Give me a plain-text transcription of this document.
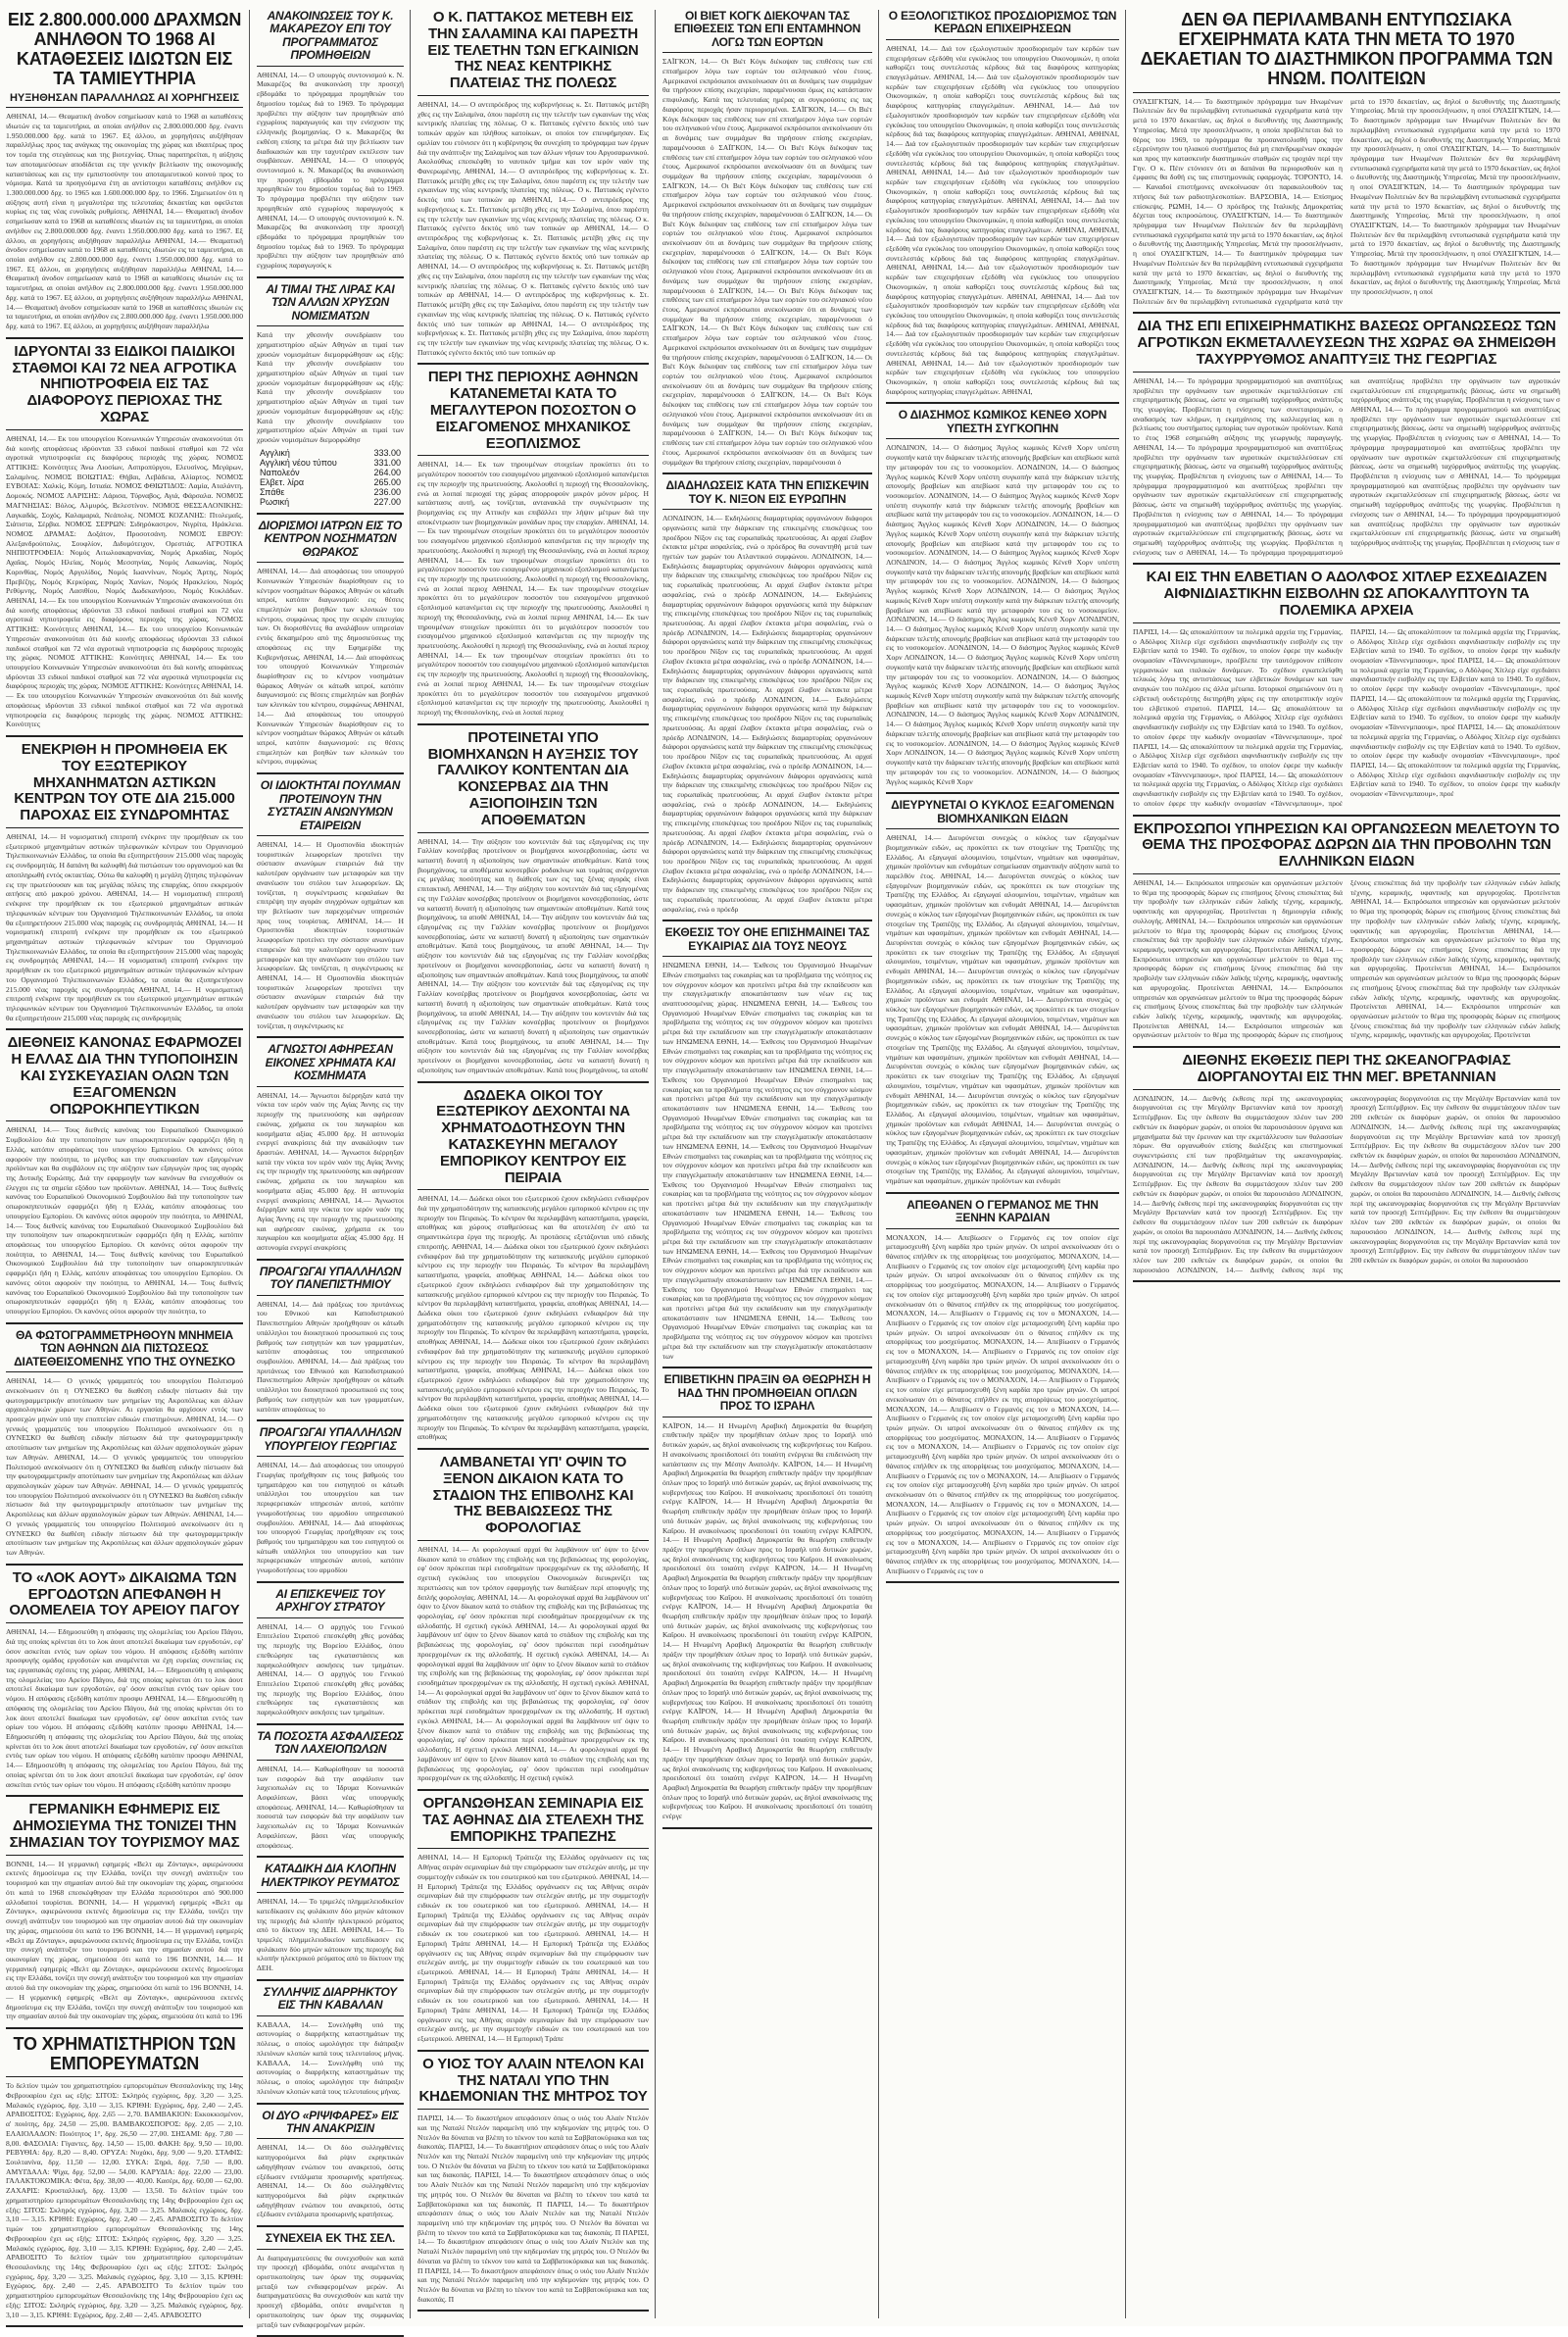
ΕΙΣ 2.800.000.000 ΔΡΑΧΜΩΝ ΑΝΗΛΘΟΝ ΤΟ 1968 ΑΙ ΚΑΤΑΘΕΣΕΙΣ ΙΔΙΩΤΩΝ ΕΙΣ ΤΑ ΤΑΜΙΕΥΤΗΡΙΑ
ΗΥΞΗΘΗΣΑΝ ΠΑΡΑΛΛΗΛΩΣ ΑΙ ΧΟΡΗΓΗΣΕΙΣ
ΑΘΗΝΑΙ, 14.— Θεαματική άνοδον εσημείωσαν κατά το 1968 αι καταθέσεις ιδιωτών εις τα ταμιευτήρια, αι οποίαι ανήλθον εις 2.800.000.000 δρχ. έναντι 1.950.000.000 δρχ. κατά το 1967. Εξ άλλου, αι χορηγήσεις αυξήθησαν παραλλήλως προς τας ανάγκας της οικονομίας της χώρας και ιδιαιτέρως προς τον τομέα της στεγάσεως και της βιοτεχνίας. Όπως παρατηρείται, η αύξησις των αποταμιεύσεων αποδίδεται εις την γενικήν βελτίωσιν της οικονομικής καταστάσεως και εις την εμπιστοσύνην του αποταμιευτικού κοινού προς το νόμισμα. Κατά τα προηγούμενα έτη αι αντίστοιχοι καταθέσεις ανήλθον εις 1.300.000.000 δρχ. το 1965 και 1.600.000.000 δρχ. το 1966. Σημειωτέον ότι η αύξησις αυτή είναι η μεγαλυτέρα της τελευταίας δεκαετίας και οφείλεται κυρίως εις τας νέας ευνοϊκάς ρυθμίσεις. ΑΘΗΝΑΙ, 14.— Θεαματική άνοδον εσημείωσαν κατά το 1968 αι καταθέσεις ιδιωτών εις τα ταμιευτήρια, αι οποίαι ανήλθον εις 2.800.000.000 δρχ. έναντι 1.950.000.000 δρχ. κατά το 1967. Εξ άλλου, αι χορηγήσεις αυξήθησαν παραλλήλω ΑΘΗΝΑΙ, 14.— Θεαματική άνοδον εσημείωσαν κατά το 1968 αι καταθέσεις ιδιωτών εις τα ταμιευτήρια, αι οποίαι ανήλθον εις 2.800.000.000 δρχ. έναντι 1.950.000.000 δρχ. κατά το 1967. Εξ άλλου, αι χορηγήσεις αυξήθησαν παραλλήλω ΑΘΗΝΑΙ, 14.— Θεαματική άνοδον εσημείωσαν κατά το 1968 αι καταθέσεις ιδιωτών εις τα ταμιευτήρια, αι οποίαι ανήλθον εις 2.800.000.000 δρχ. έναντι 1.950.000.000 δρχ. κατά το 1967. Εξ άλλου, αι χορηγήσεις αυξήθησαν παραλλήλω ΑΘΗΝΑΙ, 14.— Θεαματική άνοδον εσημείωσαν κατά το 1968 αι καταθέσεις ιδιωτών εις τα ταμιευτήρια, αι οποίαι ανήλθον εις 2.800.000.000 δρχ. έναντι 1.950.000.000 δρχ. κατά το 1967. Εξ άλλου, αι χορηγήσεις αυξήθησαν παραλλήλω
ΙΔΡΥΟΝΤΑΙ 33 ΕΙΔΙΚΟΙ ΠΑΙΔΙΚΟΙ ΣΤΑΘΜΟΙ ΚΑΙ 72 ΝΕΑ ΑΓΡΟΤΙΚΑ ΝΗΠΙΟΤΡΟΦΕΙΑ ΕΙΣ ΤΑΣ ΔΙΑΦΟΡΟΥΣ ΠΕΡΙΟΧΑΣ ΤΗΣ ΧΩΡΑΣ
ΑΘΗΝΑΙ, 14.— Εκ του υπουργείου Κοινωνικών Υπηρεσιών ανακοινούται ότι διά κοινής αποφάσεως ιδρύονται 33 ειδικοί παιδικοί σταθμοί και 72 νέα αγροτικά νηπιοτροφεία εις διαφόρους περιοχάς της χώρας. ΝΟΜΟΣ ΑΤΤΙΚΗΣ: Κοινότητες Άνω Λιοσίων, Ασπροπύργου, Ελευσίνος, Μεγάρων, Σαλαμίνος. ΝΟΜΟΣ ΒΟΙΩΤΙΑΣ: Θήβαι, Λεβάδεια, Αλίαρτος. ΝΟΜΟΣ ΕΥΒΟΙΑΣ: Χαλκίς, Κύμη, Ιστιαία. ΝΟΜΟΣ ΦΘΙΩΤΙΔΟΣ: Λαμία, Αταλάντη, Δομοκός. ΝΟΜΟΣ ΛΑΡΙΣΗΣ: Λάρισα, Τύρναβος, Αγιά, Φάρσαλα. ΝΟΜΟΣ ΜΑΓΝΗΣΙΑΣ: Βόλος, Αλμυρός, Βελεστίνον. ΝΟΜΟΣ ΘΕΣΣΑΛΟΝΙΚΗΣ: Λαγκαδάς, Σοχός, Καλαμαριά, Νεάπολις. ΝΟΜΟΣ ΚΟΖΑΝΗΣ: Πτολεμαΐς, Σιάτιστα, Σέρβια. ΝΟΜΟΣ ΣΕΡΡΩΝ: Σιδηρόκαστρον, Νιγρίτα, Ηράκλεια. ΝΟΜΟΣ ΔΡΑΜΑΣ: Δοξάτον, Προσοτσάνη. ΝΟΜΟΣ ΕΒΡΟΥ: Αλεξανδρούπολις, Σουφλίον, Διδυμότειχον, Ορεστιάς. ΑΓΡΟΤΙΚΑ ΝΗΠΙΟΤΡΟΦΕΙΑ: Νομός Αιτωλοακαρνανίας, Νομός Αρκαδίας, Νομός Αχαΐας, Νομός Ηλείας, Νομός Μεσσηνίας, Νομός Λακωνίας, Νομός Κορινθίας, Νομός Αργολίδος, Νομός Ιωαννίνων, Νομός Άρτης, Νομός Πρεβέζης, Νομός Κερκύρας, Νομός Χανίων, Νομός Ηρακλείου, Νομός Ρεθύμνης, Νομός Λασιθίου, Νομός Δωδεκανήσου, Νομός Κυκλάδων. ΑΘΗΝΑΙ, 14.— Εκ του υπουργείου Κοινωνικών Υπηρεσιών ανακοινούται ότι διά κοινής αποφάσεως ιδρύονται 33 ειδικοί παιδικοί σταθμοί και 72 νέα αγροτικά νηπιοτροφεία εις διαφόρους περιοχάς της χώρας. ΝΟΜΟΣ ΑΤΤΙΚΗΣ: Κοινότητες ΑΘΗΝΑΙ, 14.— Εκ του υπουργείου Κοινωνικών Υπηρεσιών ανακοινούται ότι διά κοινής αποφάσεως ιδρύονται 33 ειδικοί παιδικοί σταθμοί και 72 νέα αγροτικά νηπιοτροφεία εις διαφόρους περιοχάς της χώρας. ΝΟΜΟΣ ΑΤΤΙΚΗΣ: Κοινότητες ΑΘΗΝΑΙ, 14.— Εκ του υπουργείου Κοινωνικών Υπηρεσιών ανακοινούται ότι διά κοινής αποφάσεως ιδρύονται 33 ειδικοί παιδικοί σταθμοί και 72 νέα αγροτικά νηπιοτροφεία εις διαφόρους περιοχάς της χώρας. ΝΟΜΟΣ ΑΤΤΙΚΗΣ: Κοινότητες ΑΘΗΝΑΙ, 14.— Εκ του υπουργείου Κοινωνικών Υπηρεσιών ανακοινούται ότι διά κοινής αποφάσεως ιδρύονται 33 ειδικοί παιδικοί σταθμοί και 72 νέα αγροτικά νηπιοτροφεία εις διαφόρους περιοχάς της χώρας. ΝΟΜΟΣ ΑΤΤΙΚΗΣ: Κοινότητες
ΕΝΕΚΡΙΘΗ Η ΠΡΟΜΗΘΕΙΑ ΕΚ ΤΟΥ ΕΞΩΤΕΡΙΚΟΥ ΜΗΧΑΝΗΜΑΤΩΝ ΑΣΤΙΚΩΝ ΚΕΝΤΡΩΝ ΤΟΥ ΟΤΕ ΔΙΑ 215.000 ΠΑΡΟΧΑΣ ΕΙΣ ΣΥΝΔΡΟΜΗΤΑΣ
ΑΘΗΝΑΙ, 14.— Η νομισματική επιτροπή ενέκρινε την προμήθειαν εκ του εξωτερικού μηχανημάτων αστικών τηλεφωνικών κέντρων του Οργανισμού Τηλεπικοινωνιών Ελλάδος, τα οποία θα εξυπηρετήσουν 215.000 νέας παροχάς εις συνδρομητάς. Η δαπάνη θα καλυφθή διά πιστώσεων του οργανισμού και θα αποπληρωθή εντός οκταετίας. Ούτω θα καλυφθή η μεγάλη ζήτησις τηλεφώνων εις την πρωτεύουσαν και τας μεγάλας πόλεις της επαρχίας, όπου εκκρεμούν αιτήσεις από μακρού χρόνου. ΑΘΗΝΑΙ, 14.— Η νομισματική επιτροπή ενέκρινε την προμήθειαν εκ του εξωτερικού μηχανημάτων αστικών τηλεφωνικών κέντρων του Οργανισμού Τηλεπικοινωνιών Ελλάδος, τα οποία θα εξυπηρετήσουν 215.000 νέας παροχάς εις συνδρομητάς ΑΘΗΝΑΙ, 14.— Η νομισματική επιτροπή ενέκρινε την προμήθειαν εκ του εξωτερικού μηχανημάτων αστικών τηλεφωνικών κέντρων του Οργανισμού Τηλεπικοινωνιών Ελλάδος, τα οποία θα εξυπηρετήσουν 215.000 νέας παροχάς εις συνδρομητάς ΑΘΗΝΑΙ, 14.— Η νομισματική επιτροπή ενέκρινε την προμήθειαν εκ του εξωτερικού μηχανημάτων αστικών τηλεφωνικών κέντρων του Οργανισμού Τηλεπικοινωνιών Ελλάδος, τα οποία θα εξυπηρετήσουν 215.000 νέας παροχάς εις συνδρομητάς ΑΘΗΝΑΙ, 14.— Η νομισματική επιτροπή ενέκρινε την προμήθειαν εκ του εξωτερικού μηχανημάτων αστικών τηλεφωνικών κέντρων του Οργανισμού Τηλεπικοινωνιών Ελλάδος, τα οποία θα εξυπηρετήσουν 215.000 νέας παροχάς εις συνδρομητάς
ΔΙΕΘΝΕΙΣ ΚΑΝΟΝΑΣ ΕΦΑΡΜΟΖΕΙ Η ΕΛΛΑΣ ΔΙΑ ΤΗΝ ΤΥΠΟΠΟΙΗΣΙΝ ΚΑΙ ΣΥΣΚΕΥΑΣΙΑΝ ΟΛΩΝ ΤΩΝ ΕΞΑΓΟΜΕΝΩΝ ΟΠΩΡΟΚΗΠΕΥΤΙΚΩΝ
ΑΘΗΝΑΙ, 14.— Τους διεθνείς κανόνας του Ευρωπαϊκού Οικονομικού Συμβουλίου διά την τυποποίησιν των οπωροκηπευτικών εφαρμόζει ήδη η Ελλάς, κατόπιν αποφάσεως του υπουργείου Εμπορίου. Οι κανόνες ούτοι αφορούν την ποιότητα, το μέγεθος και την συσκευασίαν των εξαγομένων προϊόντων και θα συμβάλουν εις την αύξησιν των εξαγωγών προς τας αγοράς της Δυτικής Ευρώπης. Διά την εφαρμογήν των κανόνων θα ενισχυθούν οι έλεγχοι εις τα σημεία εξόδου των προϊόντων. ΑΘΗΝΑΙ, 14.— Τους διεθνείς κανόνας του Ευρωπαϊκού Οικονομικού Συμβουλίου διά την τυποποίησιν των οπωροκηπευτικών εφαρμόζει ήδη η Ελλάς, κατόπιν αποφάσεως του υπουργείου Εμπορίου. Οι κανόνες ούτοι αφορούν την ποιότητα, το ΑΘΗΝΑΙ, 14.— Τους διεθνείς κανόνας του Ευρωπαϊκού Οικονομικού Συμβουλίου διά την τυποποίησιν των οπωροκηπευτικών εφαρμόζει ήδη η Ελλάς, κατόπιν αποφάσεως του υπουργείου Εμπορίου. Οι κανόνες ούτοι αφορούν την ποιότητα, το ΑΘΗΝΑΙ, 14.— Τους διεθνείς κανόνας του Ευρωπαϊκού Οικονομικού Συμβουλίου διά την τυποποίησιν των οπωροκηπευτικών εφαρμόζει ήδη η Ελλάς, κατόπιν αποφάσεως του υπουργείου Εμπορίου. Οι κανόνες ούτοι αφορούν την ποιότητα, το ΑΘΗΝΑΙ, 14.— Τους διεθνείς κανόνας του Ευρωπαϊκού Οικονομικού Συμβουλίου διά την τυποποίησιν των οπωροκηπευτικών εφαρμόζει ήδη η Ελλάς, κατόπιν αποφάσεως του υπουργείου Εμπορίου. Οι κανόνες ούτοι αφορούν την ποιότητα, το
ΘΑ ΦΩΤΟΓΡΑΜΜΕΤΡΗΘΟΥΝ ΜΝΗΜΕΙΑ ΤΩΝ ΑΘΗΝΩΝ ΔΙΑ ΠΙΣΤΩΣΕΩΣ ΔΙΑΤΕΘΕΙΣΟΜΕΝΗΣ ΥΠΟ ΤΗΣ ΟΥΝΕΣΚΟ
ΑΘΗΝΑΙ, 14.— Ο γενικός γραμματεύς του υπουργείου Πολιτισμού ανεκοίνωσεν ότι η ΟΥΝΕΣΚΟ θα διαθέση ειδικήν πίστωσιν διά την φωτογραμμετρικήν αποτύπωσιν των μνημείων της Ακροπόλεως και άλλων αρχαιολογικών χώρων των Αθηνών. Αι εργασίαι θα αρχίσουν εντός των προσεχών μηνών υπό την εποπτείαν ειδικών επιστημόνων. ΑΘΗΝΑΙ, 14.— Ο γενικός γραμματεύς του υπουργείου Πολιτισμού ανεκοίνωσεν ότι η ΟΥΝΕΣΚΟ θα διαθέση ειδικήν πίστωσιν διά την φωτογραμμετρικήν αποτύπωσιν των μνημείων της Ακροπόλεως και άλλων αρχαιολογικών χώρων των Αθηνών. ΑΘΗΝΑΙ, 14.— Ο γενικός γραμματεύς του υπουργείου Πολιτισμού ανεκοίνωσεν ότι η ΟΥΝΕΣΚΟ θα διαθέση ειδικήν πίστωσιν διά την φωτογραμμετρικήν αποτύπωσιν των μνημείων της Ακροπόλεως και άλλων αρχαιολογικών χώρων των Αθηνών. ΑΘΗΝΑΙ, 14.— Ο γενικός γραμματεύς του υπουργείου Πολιτισμού ανεκοίνωσεν ότι η ΟΥΝΕΣΚΟ θα διαθέση ειδικήν πίστωσιν διά την φωτογραμμετρικήν αποτύπωσιν των μνημείων της Ακροπόλεως και άλλων αρχαιολογικών χώρων των Αθηνών. ΑΘΗΝΑΙ, 14.— Ο γενικός γραμματεύς του υπουργείου Πολιτισμού ανεκοίνωσεν ότι η ΟΥΝΕΣΚΟ θα διαθέση ειδικήν πίστωσιν διά την φωτογραμμετρικήν αποτύπωσιν των μνημείων της Ακροπόλεως και άλλων αρχαιολογικών χώρων των Αθηνών.
ΤΟ «ΛΟΚ ΑΟΥΤ» ΔΙΚΑΙΩΜΑ ΤΩΝ ΕΡΓΟΔΟΤΩΝ ΑΠΕΦΑΝΘΗ Η ΟΛΟΜΕΛΕΙΑ ΤΟΥ ΑΡΕΙΟΥ ΠΑΓΟΥ
ΑΘΗΝΑΙ, 14.— Εδημοσιεύθη η απόφασις της ολομελείας του Αρείου Πάγου, διά της οποίας κρίνεται ότι το λοκ άουτ αποτελεί δικαίωμα των εργοδοτών, εφ' όσον ασκείται εντός των ορίων του νόμου. Η απόφασις εξεδόθη κατόπιν προσφυγής ομάδος εργοδοτών και αναμένεται να έχη ευρείας συνεπείας εις τας εργασιακάς σχέσεις της χώρας. ΑΘΗΝΑΙ, 14.— Εδημοσιεύθη η απόφασις της ολομελείας του Αρείου Πάγου, διά της οποίας κρίνεται ότι το λοκ άουτ αποτελεί δικαίωμα των εργοδοτών, εφ' όσον ασκείται εντός των ορίων του νόμου. Η απόφασις εξεδόθη κατόπιν προσφυ ΑΘΗΝΑΙ, 14.— Εδημοσιεύθη η απόφασις της ολομελείας του Αρείου Πάγου, διά της οποίας κρίνεται ότι το λοκ άουτ αποτελεί δικαίωμα των εργοδοτών, εφ' όσον ασκείται εντός των ορίων του νόμου. Η απόφασις εξεδόθη κατόπιν προσφυ ΑΘΗΝΑΙ, 14.— Εδημοσιεύθη η απόφασις της ολομελείας του Αρείου Πάγου, διά της οποίας κρίνεται ότι το λοκ άουτ αποτελεί δικαίωμα των εργοδοτών, εφ' όσον ασκείται εντός των ορίων του νόμου. Η απόφασις εξεδόθη κατόπιν προσφυ ΑΘΗΝΑΙ, 14.— Εδημοσιεύθη η απόφασις της ολομελείας του Αρείου Πάγου, διά της οποίας κρίνεται ότι το λοκ άουτ αποτελεί δικαίωμα των εργοδοτών, εφ' όσον ασκείται εντός των ορίων του νόμου. Η απόφασις εξεδόθη κατόπιν προσφυ
ΓΕΡΜΑΝΙΚΗ ΕΦΗΜΕΡΙΣ ΕΙΣ ΔΗΜΟΣΙΕΥΜΑ ΤΗΣ ΤΟΝΙΖΕΙ ΤΗΝ ΣΗΜΑΣΙΑΝ ΤΟΥ ΤΟΥΡΙΣΜΟΥ ΜΑΣ
ΒΟΝΝΗ, 14.— Η γερμανική εφημερίς «Βελτ αμ Ζόνταγκ», αφιερώνουσα εκτενές δημοσίευμα εις την Ελλάδα, τονίζει την συνεχή ανάπτυξιν του τουρισμού και την σημασίαν αυτού διά την οικονομίαν της χώρας, σημειούσα ότι κατά το 1968 επεσκέφθησαν την Ελλάδα περισσότεροι από 900.000 αλλοδαποί τουρίσται. ΒΟΝΝΗ, 14.— Η γερμανική εφημερίς «Βελτ αμ Ζόνταγκ», αφιερώνουσα εκτενές δημοσίευμα εις την Ελλάδα, τονίζει την συνεχή ανάπτυξιν του τουρισμού και την σημασίαν αυτού διά την οικονομίαν της χώρας, σημειούσα ότι κατά το 196 ΒΟΝΝΗ, 14.— Η γερμανική εφημερίς «Βελτ αμ Ζόνταγκ», αφιερώνουσα εκτενές δημοσίευμα εις την Ελλάδα, τονίζει την συνεχή ανάπτυξιν του τουρισμού και την σημασίαν αυτού διά την οικονομίαν της χώρας, σημειούσα ότι κατά το 196 ΒΟΝΝΗ, 14.— Η γερμανική εφημερίς «Βελτ αμ Ζόνταγκ», αφιερώνουσα εκτενές δημοσίευμα εις την Ελλάδα, τονίζει την συνεχή ανάπτυξιν του τουρισμού και την σημασίαν αυτού διά την οικονομίαν της χώρας, σημειούσα ότι κατά το 196 ΒΟΝΝΗ, 14.— Η γερμανική εφημερίς «Βελτ αμ Ζόνταγκ», αφιερώνουσα εκτενές δημοσίευμα εις την Ελλάδα, τονίζει την συνεχή ανάπτυξιν του τουρισμού και την σημασίαν αυτού διά την οικονομίαν της χώρας, σημειούσα ότι κατά το 196
ΤΟ ΧΡΗΜΑΤΙΣΤΗΡΙΟΝ ΤΩΝ ΕΜΠΟΡΕΥΜΑΤΩΝ
Το δελτίον τιμών του χρηματιστηρίου εμπορευμάτων Θεσσαλονίκης της 14ης Φεβρουαρίου έχει ως εξής: ΣΙΤΟΣ: Σκληρός εγχώριος, δρχ. 3,20 — 3,25. Μαλακός εγχώριος, δρχ. 3,10 — 3,15. ΚΡΙΘΗ: Εγχώριος, δρχ. 2,40 — 2,45. ΑΡΑΒΟΣΙΤΟΣ: Εγχώριος, δρχ. 2,65 — 2,70. ΒΑΜΒΑΚΙΟΝ: Εκκοκκισμένον, α' ποιότης, δρχ. 24,50 — 25,00. ΒΑΜΒΑΚΟΣΠΟΡΟΣ: δρχ. 2,05 — 2,10. ΕΛΑΙΟΛΑΔΟΝ: Ποιότητος 1°, δρχ. 26,50 — 27,00. ΣΗΣΑΜΙ: δρχ. 7,80 — 8,00. ΦΑΣΟΛΙΑ: Γίγαντες, δρχ. 14,50 — 15,00. ΦΑΚΗ: δρχ. 9,50 — 10,00. ΡΕΒΥΘΙΑ: δρχ. 8,20 — 8,40. ΟΡΥΖΑ: Νυχάκι, δρχ. 9,00 — 9,20. ΣΤΑΦΙΣ: Σουλτανίνα, δρχ. 11,50 — 12,00. ΣΥΚΑ: Ξηρά, δρχ. 7,50 — 8,00. ΑΜΥΓΔΑΛΑ: Ψίχα, δρχ. 52,00 — 54,00. ΚΑΡΥΔΙΑ: δρχ. 22,00 — 23,00. ΓΑΛΑΚΤΟΚΟΜΙΚΑ: Φέτα, δρχ. 38,00 — 40,00. Κασέρι, δρχ. 60,00 — 62,00. ΖΑΧΑΡΙΣ: Κρυσταλλική, δρχ. 13,00 — 13,50. Το δελτίον τιμών του χρηματιστηρίου εμπορευμάτων Θεσσαλονίκης της 14ης Φεβρουαρίου έχει ως εξής: ΣΙΤΟΣ: Σκληρός εγχώριος, δρχ. 3,20 — 3,25. Μαλακός εγχώριος, δρχ. 3,10 — 3,15. ΚΡΙΘΗ: Εγχώριος, δρχ. 2,40 — 2,45. ΑΡΑΒΟΣΙΤΟ Το δελτίον τιμών του χρηματιστηρίου εμπορευμάτων Θεσσαλονίκης της 14ης Φεβρουαρίου έχει ως εξής: ΣΙΤΟΣ: Σκληρός εγχώριος, δρχ. 3,20 — 3,25. Μαλακός εγχώριος, δρχ. 3,10 — 3,15. ΚΡΙΘΗ: Εγχώριος, δρχ. 2,40 — 2,45. ΑΡΑΒΟΣΙΤΟ Το δελτίον τιμών του χρηματιστηρίου εμπορευμάτων Θεσσαλονίκης της 14ης Φεβρουαρίου έχει ως εξής: ΣΙΤΟΣ: Σκληρός εγχώριος, δρχ. 3,20 — 3,25. Μαλακός εγχώριος, δρχ. 3,10 — 3,15. ΚΡΙΘΗ: Εγχώριος, δρχ. 2,40 — 2,45. ΑΡΑΒΟΣΙΤΟ Το δελτίον τιμών του χρηματιστηρίου εμπορευμάτων Θεσσαλονίκης της 14ης Φεβρουαρίου έχει ως εξής: ΣΙΤΟΣ: Σκληρός εγχώριος, δρχ. 3,20 — 3,25. Μαλακός εγχώριος, δρχ. 3,10 — 3,15. ΚΡΙΘΗ: Εγχώριος, δρχ. 2,40 — 2,45. ΑΡΑΒΟΣΙΤΟ
ΑΝΑΚΟΙΝΩΣΕΙΣ ΤΟΥ Κ. ΜΑΚΑΡΕΖΟΥ ΕΠΙ ΤΟΥ ΠΡΟΓΡΑΜΜΑΤΟΣ ΠΡΟΜΗΘΕΙΩΝ
ΑΘΗΝΑΙ, 14.— Ο υπουργός συντονισμού κ. Ν. Μακαρέζος θα ανακοινώση την προσεχή εβδομάδα το πρόγραμμα προμηθειών του δημοσίου τομέως διά το 1969. Το πρόγραμμα προβλέπει την αύξησιν των προμηθειών από εγχωρίους παραγωγούς και την ενίσχυσιν της ελληνικής βιομηχανίας. Ο κ. Μακαρέζος θα εκθέση επίσης τα μέτρα διά την βελτίωσιν των διαδικασιών και την ταχυτέραν εκτέλεσιν των συμβάσεων. ΑΘΗΝΑΙ, 14.— Ο υπουργός συντονισμού κ. Ν. Μακαρέζος θα ανακοινώση την προσεχή εβδομάδα το πρόγραμμα προμηθειών του δημοσίου τομέως διά το 1969. Το πρόγραμμα προβλέπει την αύξησιν των προμηθειών από εγχωρίους παραγωγούς κ ΑΘΗΝΑΙ, 14.— Ο υπουργός συντονισμού κ. Ν. Μακαρέζος θα ανακοινώση την προσεχή εβδομάδα το πρόγραμμα προμηθειών του δημοσίου τομέως διά το 1969. Το πρόγραμμα προβλέπει την αύξησιν των προμηθειών από εγχωρίους παραγωγούς κ
ΑΙ ΤΙΜΑΙ ΤΗΣ ΛΙΡΑΣ ΚΑΙ ΤΩΝ ΑΛΛΩΝ ΧΡΥΣΩΝ ΝΟΜΙΣΜΑΤΩΝ
Κατά την χθεσινήν συνεδρίασιν του χρηματιστηρίου αξιών Αθηνών αι τιμαί των χρυσών νομισμάτων διεμορφώθησαν ως εξής: Κατά την χθεσινήν συνεδρίασιν του χρηματιστηρίου αξιών Αθηνών αι τιμαί των χρυσών νομισμάτων διεμορφώθησαν ως εξής: Κατά την χθεσινήν συνεδρίασιν του χρηματιστηρίου αξιών Αθηνών αι τιμαί των χρυσών νομισμάτων διεμορφώθησαν ως εξής: Κατά την χθεσινήν συνεδρίασιν του χρηματιστηρίου αξιών Αθηνών αι τιμαί των χρυσών νομισμάτων διεμορφώθησ
Αγγλική	333.00
Αγγλική νέου τύπου	331.00
Ναπολεόν	264.00
Ελβετ. λίρα	265.00
Σπάθε	236.00
Ρωσική	227.00
ΔΙΟΡΙΣΜΟΙ ΙΑΤΡΩΝ ΕΙΣ ΤΟ ΚΕΝΤΡΟΝ ΝΟΣΗΜΑΤΩΝ ΘΩΡΑΚΟΣ
ΑΘΗΝΑΙ, 14.— Διά αποφάσεως του υπουργού Κοινωνικών Υπηρεσιών διωρίσθησαν εις το κέντρον νοσημάτων θώρακος Αθηνών οι κάτωθι ιατροί, κατόπιν διαγωνισμού: εις θέσεις επιμελητών και βοηθών των κλινικών του κέντρου, συμφώνως προς την σειράν επιτυχίας των. Οι διορισθέντες θα αναλάβουν υπηρεσίαν εντός δεκαημέρου από της δημοσιεύσεως της αποφάσεως εις την Εφημερίδα της Κυβερνήσεως. ΑΘΗΝΑΙ, 14.— Διά αποφάσεως του υπουργού Κοινωνικών Υπηρεσιών διωρίσθησαν εις το κέντρον νοσημάτων θώρακος Αθηνών οι κάτωθι ιατροί, κατόπιν διαγωνισμού: εις θέσεις επιμελητών και βοηθών των κλινικών του κέντρου, συμφώνως ΑΘΗΝΑΙ, 14.— Διά αποφάσεως του υπουργού Κοινωνικών Υπηρεσιών διωρίσθησαν εις το κέντρον νοσημάτων θώρακος Αθηνών οι κάτωθι ιατροί, κατόπιν διαγωνισμού: εις θέσεις επιμελητών και βοηθών των κλινικών του κέντρου, συμφώνως
ΟΙ ΙΔΙΟΚΤΗΤΑΙ ΠΟΥΛΜΑΝ ΠΡΟΤΕΙΝΟΥΝ ΤΗΝ ΣΥΣΤΑΣΙΝ ΑΝΩΝΥΜΩΝ ΕΤΑΙΡΕΙΩΝ
ΑΘΗΝΑΙ, 14.— Η Ομοσπονδία ιδιοκτητών τουριστικών λεωφορείων προτείνει την σύστασιν ανωνύμων εταιρειών διά την καλυτέραν οργάνωσιν των μεταφορών και την ανανέωσιν του στόλου των λεωφορείων. Ως τονίζεται, η συγκέντρωσις κεφαλαίων θα επιτρέψη την αγοράν συγχρόνων οχημάτων και την βελτίωσιν των παρεχομένων υπηρεσιών προς τους τουρίστας. ΑΘΗΝΑΙ, 14.— Η Ομοσπονδία ιδιοκτητών τουριστικών λεωφορείων προτείνει την σύστασιν ανωνύμων εταιρειών διά την καλυτέραν οργάνωσιν των μεταφορών και την ανανέωσιν του στόλου των λεωφορείων. Ως τονίζεται, η συγκέντρωσις κε ΑΘΗΝΑΙ, 14.— Η Ομοσπονδία ιδιοκτητών τουριστικών λεωφορείων προτείνει την σύστασιν ανωνύμων εταιρειών διά την καλυτέραν οργάνωσιν των μεταφορών και την ανανέωσιν του στόλου των λεωφορείων. Ως τονίζεται, η συγκέντρωσις κε
ΑΓΝΩΣΤΟΙ ΑΦΗΡΕΣΑΝ ΕΙΚΟΝΕΣ ΧΡΗΜΑΤΑ ΚΑΙ ΚΟΣΜΗΜΑΤΑ
ΑΘΗΝΑΙ, 14.— Άγνωστοι διέρρηξαν κατά την νύκτα τον ιερόν ναόν της Αγίας Άννης εις την περιοχήν της πρωτευούσης και αφήρεσαν εικόνας, χρήματα εκ του παγκαρίου και κοσμήματα αξίας 45.000 δρχ. Η αστυνομία ενεργεί ανακρίσεις διά την ανακάλυψιν των δραστών. ΑΘΗΝΑΙ, 14.— Άγνωστοι διέρρηξαν κατά την νύκτα τον ιερόν ναόν της Αγίας Άννης εις την περιοχήν της πρωτευούσης και αφήρεσαν εικόνας, χρήματα εκ του παγκαρίου και κοσμήματα αξίας 45.000 δρχ. Η αστυνομία ενεργεί ανακρίσεις ΑΘΗΝΑΙ, 14.— Άγνωστοι διέρρηξαν κατά την νύκτα τον ιερόν ναόν της Αγίας Άννης εις την περιοχήν της πρωτευούσης και αφήρεσαν εικόνας, χρήματα εκ του παγκαρίου και κοσμήματα αξίας 45.000 δρχ. Η αστυνομία ενεργεί ανακρίσεις
ΠΡΟΑΓΩΓΑΙ ΥΠΑΛΛΗΛΩΝ ΤΟΥ ΠΑΝΕΠΙΣΤΗΜΙΟΥ
ΑΘΗΝΑΙ, 14.— Διά πράξεως του πρυτάνεως του Εθνικού και Καποδιστριακού Πανεπιστημίου Αθηνών προήχθησαν οι κάτωθι υπάλληλοι του διοικητικού προσωπικού εις τους βαθμούς των εισηγητών και των γραμματέων, κατόπιν αποφάσεως του υπηρεσιακού συμβουλίου. ΑΘΗΝΑΙ, 14.— Διά πράξεως του πρυτάνεως του Εθνικού και Καποδιστριακού Πανεπιστημίου Αθηνών προήχθησαν οι κάτωθι υπάλληλοι του διοικητικού προσωπικού εις τους βαθμούς των εισηγητών και των γραμματέων, κατόπιν αποφάσεως το
ΠΡΟΑΓΩΓΑΙ ΥΠΑΛΛΗΛΩΝ ΥΠΟΥΡΓΕΙΟΥ ΓΕΩΡΓΙΑΣ
ΑΘΗΝΑΙ, 14.— Διά αποφάσεως του υπουργού Γεωργίας προήχθησαν εις τους βαθμούς του τμηματάρχου και του εισηγητού οι κάτωθι υπάλληλοι του υπουργείου και των περιφερειακών υπηρεσιών αυτού, κατόπιν γνωμοδοτήσεως του αρμοδίου υπηρεσιακού συμβουλίου. ΑΘΗΝΑΙ, 14.— Διά αποφάσεως του υπουργού Γεωργίας προήχθησαν εις τους βαθμούς του τμηματάρχου και του εισηγητού οι κάτωθι υπάλληλοι του υπουργείου και των περιφερειακών υπηρεσιών αυτού, κατόπιν γνωμοδοτήσεως του αρμοδίου
ΑΙ ΕΠΙΣΚΕΨΕΙΣ ΤΟΥ ΑΡΧΗΓΟΥ ΣΤΡΑΤΟΥ
ΑΘΗΝΑΙ, 14.— Ο αρχηγός του Γενικού Επιτελείου Στρατού επεσκέφθη χθες μονάδας της περιοχής της Βορείου Ελλάδος, όπου επεθεώρησε τας εγκαταστάσεις και παρηκολούθησεν ασκήσεις των τμημάτων. ΑΘΗΝΑΙ, 14.— Ο αρχηγός του Γενικού Επιτελείου Στρατού επεσκέφθη χθες μονάδας της περιοχής της Βορείου Ελλάδος, όπου επεθεώρησε τας εγκαταστάσεις και παρηκολούθησεν ασκήσεις των τμημάτων.
ΤΑ ΠΟΣΟΣΤΑ ΑΣΦΑΛΙΣΕΩΣ ΤΩΝ ΛΑΧΕΙΟΠΩΛΩΝ
ΑΘΗΝΑΙ, 14.— Καθωρίσθησαν τα ποσοστά των εισφορών διά την ασφάλισιν των λαχειοπωλών εις το Ίδρυμα Κοινωνικών Ασφαλίσεων, βάσει νέας υπουργικής αποφάσεως. ΑΘΗΝΑΙ, 14.— Καθωρίσθησαν τα ποσοστά των εισφορών διά την ασφάλισιν των λαχειοπωλών εις το Ίδρυμα Κοινωνικών Ασφαλίσεων, βάσει νέας υπουργικής αποφάσεως.
ΚΑΤΑΔΙΚΗ ΔΙΑ ΚΛΟΠΗΝ ΗΛΕΚΤΡΙΚΟΥ ΡΕΥΜΑΤΟΣ
ΑΘΗΝΑΙ, 14.— Το τριμελές πλημμελειοδικείον κατεδίκασεν εις φυλάκισιν δύο μηνών κάτοικον της περιοχής διά κλοπήν ηλεκτρικού ρεύματος από το δίκτυον της ΔΕΗ. ΑΘΗΝΑΙ, 14.— Το τριμελές πλημμελειοδικείον κατεδίκασεν εις φυλάκισιν δύο μηνών κάτοικον της περιοχής διά κλοπήν ηλεκτρικού ρεύματος από το δίκτυον της ΔΕΗ.
ΣΥΛΛΗΨΙΣ ΔΙΑΡΡΗΚΤΟΥ ΕΙΣ ΤΗΝ ΚΑΒΑΛΑΝ
ΚΑΒΑΛΑ, 14.— Συνελήφθη υπό της αστυνομίας ο διαρρήκτης καταστημάτων της πόλεως, ο οποίος ωμολόγησε την διάπραξιν πλειόνων κλοπών κατά τους τελευταίους μήνας. ΚΑΒΑΛΑ, 14.— Συνελήφθη υπό της αστυνομίας ο διαρρήκτης καταστημάτων της πόλεως, ο οποίος ωμολόγησε την διάπραξιν πλειόνων κλοπών κατά τους τελευταίους μήνας.
ΟΙ ΔΥΟ «ΡΙΨΙΦΑΡΕΣ» ΕΙΣ ΤΗΝ ΑΝΑΚΡΙΣΙΝ
ΑΘΗΝΑΙ, 14.— Οι δύο συλληφθέντες κατηγορούμενοι διά ρίψιν εκρηκτικών ωδηγήθησαν ενώπιον του ανακριτού, όστις εξέδωσεν εντάλματα προσωρινής κρατήσεως. ΑΘΗΝΑΙ, 14.— Οι δύο συλληφθέντες κατηγορούμενοι διά ρίψιν εκρηκτικών ωδηγήθησαν ενώπιον του ανακριτού, όστις εξέδωσεν εντάλματα προσωρινής κρατήσεως.
ΣΥΝΕΧΕΙΑ ΕΚ ΤΗΣ ΣΕΛ.
Αι διαπραγματεύσεις θα συνεχισθούν και κατά την προσεχή εβδομάδα, οπότε αναμένεται η οριστικοποίησις των όρων της συμφωνίας μεταξύ των ενδιαφερομένων μερών. Αι διαπραγματεύσεις θα συνεχισθούν και κατά την προσεχή εβδομάδα, οπότε αναμένεται η οριστικοποίησις των όρων της συμφωνίας μεταξύ των ενδιαφερομένων μερών.
Ο Κ. ΠΑΤΤΑΚΟΣ ΜΕΤΕΒΗ ΕΙΣ ΤΗΝ ΣΑΛΑΜΙΝΑ ΚΑΙ ΠΑΡΕΣΤΗ ΕΙΣ ΤΕΛΕΤΗΝ ΤΩΝ ΕΓΚΑΙΝΙΩΝ ΤΗΣ ΝΕΑΣ ΚΕΝΤΡΙΚΗΣ ΠΛΑΤΕΙΑΣ ΤΗΣ ΠΟΛΕΩΣ
ΑΘΗΝΑΙ, 14.— Ο αντιπρόεδρος της κυβερνήσεως κ. Στ. Παττακός μετέβη χθες εις την Σαλαμίνα, όπου παρέστη εις την τελετήν των εγκαινίων της νέας κεντρικής πλατείας της πόλεως. Ο κ. Παττακός εγένετο δεκτός υπό των τοπικών αρχών και πλήθους κατοίκων, οι οποίοι τον επευφήμησαν. Εις ομιλίαν του ετόνισεν ότι η κυβέρνησις θα συνεχίση το πρόγραμμα των έργων διά την ανάπτυξιν της Σαλαμίνος και των άλλων νήσων του Αργοσαρωνικού. Ακολούθως επεσκέφθη το ναυτικόν τμήμα και τον ιερόν ναόν της Φανερωμένης. ΑΘΗΝΑΙ, 14.— Ο αντιπρόεδρος της κυβερνήσεως κ. Στ. Παττακός μετέβη χθες εις την Σαλαμίνα, όπου παρέστη εις την τελετήν των εγκαινίων της νέας κεντρικής πλατείας της πόλεως. Ο κ. Παττακός εγένετο δεκτός υπό των τοπικών αρ ΑΘΗΝΑΙ, 14.— Ο αντιπρόεδρος της κυβερνήσεως κ. Στ. Παττακός μετέβη χθες εις την Σαλαμίνα, όπου παρέστη εις την τελετήν των εγκαινίων της νέας κεντρικής πλατείας της πόλεως. Ο κ. Παττακός εγένετο δεκτός υπό των τοπικών αρ ΑΘΗΝΑΙ, 14.— Ο αντιπρόεδρος της κυβερνήσεως κ. Στ. Παττακός μετέβη χθες εις την Σαλαμίνα, όπου παρέστη εις την τελετήν των εγκαινίων της νέας κεντρικής πλατείας της πόλεως. Ο κ. Παττακός εγένετο δεκτός υπό των τοπικών αρ ΑΘΗΝΑΙ, 14.— Ο αντιπρόεδρος της κυβερνήσεως κ. Στ. Παττακός μετέβη χθες εις την Σαλαμίνα, όπου παρέστη εις την τελετήν των εγκαινίων της νέας κεντρικής πλατείας της πόλεως. Ο κ. Παττακός εγένετο δεκτός υπό των τοπικών αρ ΑΘΗΝΑΙ, 14.— Ο αντιπρόεδρος της κυβερνήσεως κ. Στ. Παττακός μετέβη χθες εις την Σαλαμίνα, όπου παρέστη εις την τελετήν των εγκαινίων της νέας κεντρικής πλατείας της πόλεως. Ο κ. Παττακός εγένετο δεκτός υπό των τοπικών αρ ΑΘΗΝΑΙ, 14.— Ο αντιπρόεδρος της κυβερνήσεως κ. Στ. Παττακός μετέβη χθες εις την Σαλαμίνα, όπου παρέστη εις την τελετήν των εγκαινίων της νέας κεντρικής πλατείας της πόλεως. Ο κ. Παττακός εγένετο δεκτός υπό των τοπικών αρ
ΠΕΡΙ ΤΗΣ ΠΕΡΙΟΧΗΣ ΑΘΗΝΩΝ ΚΑΤΑΝΕΜΕΤΑΙ ΚΑΤΑ ΤΟ ΜΕΓΑΛΥΤΕΡΟΝ ΠΟΣΟΣΤΟΝ Ο ΕΙΣΑΓΟΜΕΝΟΣ ΜΗΧΑΝΙΚΟΣ ΕΞΟΠΛΙΣΜΟΣ
ΑΘΗΝΑΙ, 14.— Εκ των τηρουμένων στοιχείων προκύπτει ότι το μεγαλύτερον ποσοστόν του εισαγομένου μηχανικού εξοπλισμού κατανέμεται εις την περιοχήν της πρωτευούσης. Ακολουθεί η περιοχή της Θεσσαλονίκης, ενώ αι λοιπαί περιοχαί της χώρας απορροφούν μικρόν μόνον μέρος. Η κατάστασις αυτή, ως τονίζεται, αντανακλά την συγκέντρωσιν της βιομηχανίας εις την Αττικήν και επιβάλλει την λήψιν μέτρων διά την αποκέντρωσιν των βιομηχανικών μονάδων προς την επαρχίαν. ΑΘΗΝΑΙ, 14.— Εκ των τηρουμένων στοιχείων προκύπτει ότι το μεγαλύτερον ποσοστόν του εισαγομένου μηχανικού εξοπλισμού κατανέμεται εις την περιοχήν της πρωτευούσης. Ακολουθεί η περιοχή της Θεσσαλονίκης, ενώ αι λοιπαί περιοχ ΑΘΗΝΑΙ, 14.— Εκ των τηρουμένων στοιχείων προκύπτει ότι το μεγαλύτερον ποσοστόν του εισαγομένου μηχανικού εξοπλισμού κατανέμεται εις την περιοχήν της πρωτευούσης. Ακολουθεί η περιοχή της Θεσσαλονίκης, ενώ αι λοιπαί περιοχ ΑΘΗΝΑΙ, 14.— Εκ των τηρουμένων στοιχείων προκύπτει ότι το μεγαλύτερον ποσοστόν του εισαγομένου μηχανικού εξοπλισμού κατανέμεται εις την περιοχήν της πρωτευούσης. Ακολουθεί η περιοχή της Θεσσαλονίκης, ενώ αι λοιπαί περιοχ ΑΘΗΝΑΙ, 14.— Εκ των τηρουμένων στοιχείων προκύπτει ότι το μεγαλύτερον ποσοστόν του εισαγομένου μηχανικού εξοπλισμού κατανέμεται εις την περιοχήν της πρωτευούσης. Ακολουθεί η περιοχή της Θεσσαλονίκης, ενώ αι λοιπαί περιοχ ΑΘΗΝΑΙ, 14.— Εκ των τηρουμένων στοιχείων προκύπτει ότι το μεγαλύτερον ποσοστόν του εισαγομένου μηχανικού εξοπλισμού κατανέμεται εις την περιοχήν της πρωτευούσης. Ακολουθεί η περιοχή της Θεσσαλονίκης, ενώ αι λοιπαί περιοχ ΑΘΗΝΑΙ, 14.— Εκ των τηρουμένων στοιχείων προκύπτει ότι το μεγαλύτερον ποσοστόν του εισαγομένου μηχανικού εξοπλισμού κατανέμεται εις την περιοχήν της πρωτευούσης. Ακολουθεί η περιοχή της Θεσσαλονίκης, ενώ αι λοιπαί περιοχ
ΠΡΟΤΕΙΝΕΤΑΙ ΥΠΟ ΒΙΟΜΗΧΑΝΩΝ Η ΑΥΞΗΣΙΣ ΤΟΥ ΓΑΛΛΙΚΟΥ ΚΟΝΤΕΝΤΑΝ ΔΙΑ ΚΟΝΣΕΡΒΑΣ ΔΙΑ ΤΗΝ ΑΞΙΟΠΟΙΗΣΙΝ ΤΩΝ ΑΠΟΘΕΜΑΤΩΝ
ΑΘΗΝΑΙ, 14.— Την αύξησιν του κοντεντάν διά τας εξαγομένας εις την Γαλλίαν κονσέρβας προτείνουν οι βιομήχανοι κονσερβοποιίας, ώστε να καταστή δυνατή η αξιοποίησις των σημαντικών αποθεμάτων. Κατά τους βιομηχάνους, τα αποθέματα κονσερβών ροδακίνων και τομάτας ανέρχονται εις μεγάλας ποσότητας και η διάθεσίς των εις τας ξένας αγοράς είναι επιτακτική. ΑΘΗΝΑΙ, 14.— Την αύξησιν του κοντεντάν διά τας εξαγομένας εις την Γαλλίαν κονσέρβας προτείνουν οι βιομήχανοι κονσερβοποιίας, ώστε να καταστή δυνατή η αξιοποίησις των σημαντικών αποθεμάτων. Κατά τους βιομηχάνους, τα αποθέ ΑΘΗΝΑΙ, 14.— Την αύξησιν του κοντεντάν διά τας εξαγομένας εις την Γαλλίαν κονσέρβας προτείνουν οι βιομήχανοι κονσερβοποιίας, ώστε να καταστή δυνατή η αξιοποίησις των σημαντικών αποθεμάτων. Κατά τους βιομηχάνους, τα αποθέ ΑΘΗΝΑΙ, 14.— Την αύξησιν του κοντεντάν διά τας εξαγομένας εις την Γαλλίαν κονσέρβας προτείνουν οι βιομήχανοι κονσερβοποιίας, ώστε να καταστή δυνατή η αξιοποίησις των σημαντικών αποθεμάτων. Κατά τους βιομηχάνους, τα αποθέ ΑΘΗΝΑΙ, 14.— Την αύξησιν του κοντεντάν διά τας εξαγομένας εις την Γαλλίαν κονσέρβας προτείνουν οι βιομήχανοι κονσερβοποιίας, ώστε να καταστή δυνατή η αξιοποίησις των σημαντικών αποθεμάτων. Κατά τους βιομηχάνους, τα αποθέ ΑΘΗΝΑΙ, 14.— Την αύξησιν του κοντεντάν διά τας εξαγομένας εις την Γαλλίαν κονσέρβας προτείνουν οι βιομήχανοι κονσερβοποιίας, ώστε να καταστή δυνατή η αξιοποίησις των σημαντικών αποθεμάτων. Κατά τους βιομηχάνους, τα αποθέ ΑΘΗΝΑΙ, 14.— Την αύξησιν του κοντεντάν διά τας εξαγομένας εις την Γαλλίαν κονσέρβας προτείνουν οι βιομήχανοι κονσερβοποιίας, ώστε να καταστή δυνατή η αξιοποίησις των σημαντικών αποθεμάτων. Κατά τους βιομηχάνους, τα αποθέ
ΔΩΔΕΚΑ ΟΙΚΟΙ ΤΟΥ ΕΞΩΤΕΡΙΚΟΥ ΔΕΧΟΝΤΑΙ ΝΑ ΧΡΗΜΑΤΟΔΟΤΗΣΟΥΝ ΤΗΝ ΚΑΤΑΣΚΕΥΗΝ ΜΕΓΑΛΟΥ ΕΜΠΟΡΙΚΟΥ ΚΕΝΤΡΟΥ ΕΙΣ ΠΕΙΡΑΙΑ
ΑΘΗΝΑΙ, 14.— Δώδεκα οίκοι του εξωτερικού έχουν εκδηλώσει ενδιαφέρον διά την χρηματοδότησιν της κατασκευής μεγάλου εμπορικού κέντρου εις την περιοχήν του Πειραιώς. Το κέντρον θα περιλαμβάνη καταστήματα, γραφεία, αποθήκας και χώρους σταθμεύσεως και θα αποτελέση έν από τα σημαντικώτερα έργα της περιοχής. Αι προτάσεις εξετάζονται υπό ειδικής επιτροπής. ΑΘΗΝΑΙ, 14.— Δώδεκα οίκοι του εξωτερικού έχουν εκδηλώσει ενδιαφέρον διά την χρηματοδότησιν της κατασκευής μεγάλου εμπορικού κέντρου εις την περιοχήν του Πειραιώς. Το κέντρον θα περιλαμβάνη καταστήματα, γραφεία, αποθήκας ΑΘΗΝΑΙ, 14.— Δώδεκα οίκοι του εξωτερικού έχουν εκδηλώσει ενδιαφέρον διά την χρηματοδότησιν της κατασκευής μεγάλου εμπορικού κέντρου εις την περιοχήν του Πειραιώς. Το κέντρον θα περιλαμβάνη καταστήματα, γραφεία, αποθήκας ΑΘΗΝΑΙ, 14.— Δώδεκα οίκοι του εξωτερικού έχουν εκδηλώσει ενδιαφέρον διά την χρηματοδότησιν της κατασκευής μεγάλου εμπορικού κέντρου εις την περιοχήν του Πειραιώς. Το κέντρον θα περιλαμβάνη καταστήματα, γραφεία, αποθήκας ΑΘΗΝΑΙ, 14.— Δώδεκα οίκοι του εξωτερικού έχουν εκδηλώσει ενδιαφέρον διά την χρηματοδότησιν της κατασκευής μεγάλου εμπορικού κέντρου εις την περιοχήν του Πειραιώς. Το κέντρον θα περιλαμβάνη καταστήματα, γραφεία, αποθήκας ΑΘΗΝΑΙ, 14.— Δώδεκα οίκοι του εξωτερικού έχουν εκδηλώσει ενδιαφέρον διά την χρηματοδότησιν της κατασκευής μεγάλου εμπορικού κέντρου εις την περιοχήν του Πειραιώς. Το κέντρον θα περιλαμβάνη καταστήματα, γραφεία, αποθήκας ΑΘΗΝΑΙ, 14.— Δώδεκα οίκοι του εξωτερικού έχουν εκδηλώσει ενδιαφέρον διά την χρηματοδότησιν της κατασκευής μεγάλου εμπορικού κέντρου εις την περιοχήν του Πειραιώς. Το κέντρον θα περιλαμβάνη καταστήματα, γραφεία, αποθήκας
ΛΑΜΒΑΝΕΤΑΙ ΥΠ' ΟΨΙΝ ΤΟ ΞΕΝΟΝ ΔΙΚΑΙΟΝ ΚΑΤΑ ΤΟ ΣΤΑΔΙΟΝ ΤΗΣ ΕΠΙΒΟΛΗΣ ΚΑΙ ΤΗΣ ΒΕΒΑΙΩΣΕΩΣ ΤΗΣ ΦΟΡΟΛΟΓΙΑΣ
ΑΘΗΝΑΙ, 14.— Αι φορολογικαί αρχαί θα λαμβάνουν υπ' όψιν το ξένον δίκαιον κατά το στάδιον της επιβολής και της βεβαιώσεως της φορολογίας, εφ' όσον πρόκειται περί εισοδημάτων προερχομένων εκ της αλλοδαπής. Η σχετική εγκύκλιος του υπουργείου Οικονομικών διευκρινίζει τας περιπτώσεις και τον τρόπον εφαρμογής των διατάξεων περί αποφυγής της διπλής φορολογίας. ΑΘΗΝΑΙ, 14.— Αι φορολογικαί αρχαί θα λαμβάνουν υπ' όψιν το ξένον δίκαιον κατά το στάδιον της επιβολής και της βεβαιώσεως της φορολογίας, εφ' όσον πρόκειται περί εισοδημάτων προερχομένων εκ της αλλοδαπής. Η σχετική εγκύκλ ΑΘΗΝΑΙ, 14.— Αι φορολογικαί αρχαί θα λαμβάνουν υπ' όψιν το ξένον δίκαιον κατά το στάδιον της επιβολής και της βεβαιώσεως της φορολογίας, εφ' όσον πρόκειται περί εισοδημάτων προερχομένων εκ της αλλοδαπής. Η σχετική εγκύκλ ΑΘΗΝΑΙ, 14.— Αι φορολογικαί αρχαί θα λαμβάνουν υπ' όψιν το ξένον δίκαιον κατά το στάδιον της επιβολής και της βεβαιώσεως της φορολογίας, εφ' όσον πρόκειται περί εισοδημάτων προερχομένων εκ της αλλοδαπής. Η σχετική εγκύκλ ΑΘΗΝΑΙ, 14.— Αι φορολογικαί αρχαί θα λαμβάνουν υπ' όψιν το ξένον δίκαιον κατά το στάδιον της επιβολής και της βεβαιώσεως της φορολογίας, εφ' όσον πρόκειται περί εισοδημάτων προερχομένων εκ της αλλοδαπής. Η σχετική εγκύκλ ΑΘΗΝΑΙ, 14.— Αι φορολογικαί αρχαί θα λαμβάνουν υπ' όψιν το ξένον δίκαιον κατά το στάδιον της επιβολής και της βεβαιώσεως της φορολογίας, εφ' όσον πρόκειται περί εισοδημάτων προερχομένων εκ της αλλοδαπής. Η σχετική εγκύκλ ΑΘΗΝΑΙ, 14.— Αι φορολογικαί αρχαί θα λαμβάνουν υπ' όψιν το ξένον δίκαιον κατά το στάδιον της επιβολής και της βεβαιώσεως της φορολογίας, εφ' όσον πρόκειται περί εισοδημάτων προερχομένων εκ της αλλοδαπής. Η σχετική εγκύκλ
ΟΡΓΑΝΩΘΗΣΑΝ ΣΕΜΙΝΑΡΙΑ ΕΙΣ ΤΑΣ ΑΘΗΝΑΣ ΔΙΑ ΣΤΕΛΕΧΗ ΤΗΣ ΕΜΠΟΡΙΚΗΣ ΤΡΑΠΕΖΗΣ
ΑΘΗΝΑΙ, 14.— Η Εμπορική Τράπεζα της Ελλάδος οργάνωσεν εις τας Αθήνας σειράν σεμιναρίων διά την επιμόρφωσιν των στελεχών αυτής, με την συμμετοχήν ειδικών εκ του εσωτερικού και του εξωτερικού. ΑΘΗΝΑΙ, 14.— Η Εμπορική Τράπεζα της Ελλάδος οργάνωσεν εις τας Αθήνας σειράν σεμιναρίων διά την επιμόρφωσιν των στελεχών αυτής, με την συμμετοχήν ειδικών εκ του εσωτερικού και του εξωτερικού. ΑΘΗΝΑΙ, 14.— Η Εμπορική Τράπεζα της Ελλάδος οργάνωσεν εις τας Αθήνας σειράν σεμιναρίων διά την επιμόρφωσιν των στελεχών αυτής, με την συμμετοχήν ειδικών εκ του εσωτερικού και του εξωτερικού. ΑΘΗΝΑΙ, 14.— Η Εμπορική Τράπε ΑΘΗΝΑΙ, 14.— Η Εμπορική Τράπεζα της Ελλάδος οργάνωσεν εις τας Αθήνας σειράν σεμιναρίων διά την επιμόρφωσιν των στελεχών αυτής, με την συμμετοχήν ειδικών εκ του εσωτερικού και του εξωτερικού. ΑΘΗΝΑΙ, 14.— Η Εμπορική Τράπε ΑΘΗΝΑΙ, 14.— Η Εμπορική Τράπεζα της Ελλάδος οργάνωσεν εις τας Αθήνας σειράν σεμιναρίων διά την επιμόρφωσιν των στελεχών αυτής, με την συμμετοχήν ειδικών εκ του εσωτερικού και του εξωτερικού. ΑΘΗΝΑΙ, 14.— Η Εμπορική Τράπε ΑΘΗΝΑΙ, 14.— Η Εμπορική Τράπεζα της Ελλάδος οργάνωσεν εις τας Αθήνας σειράν σεμιναρίων διά την επιμόρφωσιν των στελεχών αυτής, με την συμμετοχήν ειδικών εκ του εσωτερικού και του εξωτερικού. ΑΘΗΝΑΙ, 14.— Η Εμπορική Τράπε
Ο ΥΙΟΣ ΤΟΥ ΑΛΑΙΝ ΝΤΕΛΟΝ ΚΑΙ ΤΗΣ ΝΑΤΑΛΙ ΥΠΟ ΤΗΝ ΚΗΔΕΜΟΝΙΑΝ ΤΗΣ ΜΗΤΡΟΣ ΤΟΥ
ΠΑΡΙΣΙ, 14.— Το δικαστήριον απεφάσισεν όπως ο υιός του Αλαίν Ντελόν και της Ναταλί Ντελόν παραμείνη υπό την κηδεμονίαν της μητρός του. Ο Ντελόν θα δύναται να βλέπη το τέκνον του κατά τα Σαββατοκύριακα και τας διακοπάς. ΠΑΡΙΣΙ, 14.— Το δικαστήριον απεφάσισεν όπως ο υιός του Αλαίν Ντελόν και της Ναταλί Ντελόν παραμείνη υπό την κηδεμονίαν της μητρός του. Ο Ντελόν θα δύναται να βλέπη το τέκνον του κατά τα Σαββατοκύριακα και τας διακοπάς. ΠΑΡΙΣΙ, 14.— Το δικαστήριον απεφάσισεν όπως ο υιός του Αλαίν Ντελόν και της Ναταλί Ντελόν παραμείνη υπό την κηδεμονίαν της μητρός του. Ο Ντελόν θα δύναται να βλέπη το τέκνον του κατά τα Σαββατοκύριακα και τας διακοπάς. Π ΠΑΡΙΣΙ, 14.— Το δικαστήριον απεφάσισεν όπως ο υιός του Αλαίν Ντελόν και της Ναταλί Ντελόν παραμείνη υπό την κηδεμονίαν της μητρός του. Ο Ντελόν θα δύναται να βλέπη το τέκνον του κατά τα Σαββατοκύριακα και τας διακοπάς. Π ΠΑΡΙΣΙ, 14.— Το δικαστήριον απεφάσισεν όπως ο υιός του Αλαίν Ντελόν και της Ναταλί Ντελόν παραμείνη υπό την κηδεμονίαν της μητρός του. Ο Ντελόν θα δύναται να βλέπη το τέκνον του κατά τα Σαββατοκύριακα και τας διακοπάς. Π ΠΑΡΙΣΙ, 14.— Το δικαστήριον απεφάσισεν όπως ο υιός του Αλαίν Ντελόν και της Ναταλί Ντελόν παραμείνη υπό την κηδεμονίαν της μητρός του. Ο Ντελόν θα δύναται να βλέπη το τέκνον του κατά τα Σαββατοκύριακα και τας διακοπάς. Π
ΟΙ ΒΙΕΤ ΚΟΓΚ ΔΙΕΚΟΨΑΝ ΤΑΣ ΕΠΙΘΕΣΕΙΣ ΤΩΝ ΕΠΙ ΕΝΤΑΜΗΝΟΝ ΛΟΓΩ ΤΩΝ ΕΟΡΤΩΝ
ΣΑΪΓΚΟΝ, 14.— Οι Βιέτ Κόγκ διέκοψαν τας επιθέσεις των επί επταήμερον λόγω των εορτών του σεληνιακού νέου έτους. Αμερικανοί εκπρόσωποι ανεκοίνωσαν ότι αι δυνάμεις των συμμάχων θα τηρήσουν επίσης εκεχειρίαν, παραμένουσαι όμως εις κατάστασιν επιφυλακής. Κατά τας τελευταίας ημέρας αι συγκρούσεις εις τας διαφόρους περιοχάς ήσαν περιορισμέναι. ΣΑΪΓΚΟΝ, 14.— Οι Βιέτ Κόγκ διέκοψαν τας επιθέσεις των επί επταήμερον λόγω των εορτών του σεληνιακού νέου έτους. Αμερικανοί εκπρόσωποι ανεκοίνωσαν ότι αι δυνάμεις των συμμάχων θα τηρήσουν επίσης εκεχειρίαν, παραμένουσαι ό ΣΑΪΓΚΟΝ, 14.— Οι Βιέτ Κόγκ διέκοψαν τας επιθέσεις των επί επταήμερον λόγω των εορτών του σεληνιακού νέου έτους. Αμερικανοί εκπρόσωποι ανεκοίνωσαν ότι αι δυνάμεις των συμμάχων θα τηρήσουν επίσης εκεχειρίαν, παραμένουσαι ό ΣΑΪΓΚΟΝ, 14.— Οι Βιέτ Κόγκ διέκοψαν τας επιθέσεις των επί επταήμερον λόγω των εορτών του σεληνιακού νέου έτους. Αμερικανοί εκπρόσωποι ανεκοίνωσαν ότι αι δυνάμεις των συμμάχων θα τηρήσουν επίσης εκεχειρίαν, παραμένουσαι ό ΣΑΪΓΚΟΝ, 14.— Οι Βιέτ Κόγκ διέκοψαν τας επιθέσεις των επί επταήμερον λόγω των εορτών του σεληνιακού νέου έτους. Αμερικανοί εκπρόσωποι ανεκοίνωσαν ότι αι δυνάμεις των συμμάχων θα τηρήσουν επίσης εκεχειρίαν, παραμένουσαι ό ΣΑΪΓΚΟΝ, 14.— Οι Βιέτ Κόγκ διέκοψαν τας επιθέσεις των επί επταήμερον λόγω των εορτών του σεληνιακού νέου έτους. Αμερικανοί εκπρόσωποι ανεκοίνωσαν ότι αι δυνάμεις των συμμάχων θα τηρήσουν επίσης εκεχειρίαν, παραμένουσαι ό ΣΑΪΓΚΟΝ, 14.— Οι Βιέτ Κόγκ διέκοψαν τας επιθέσεις των επί επταήμερον λόγω των εορτών του σεληνιακού νέου έτους. Αμερικανοί εκπρόσωποι ανεκοίνωσαν ότι αι δυνάμεις των συμμάχων θα τηρήσουν επίσης εκεχειρίαν, παραμένουσαι ό ΣΑΪΓΚΟΝ, 14.— Οι Βιέτ Κόγκ διέκοψαν τας επιθέσεις των επί επταήμερον λόγω των εορτών του σεληνιακού νέου έτους. Αμερικανοί εκπρόσωποι ανεκοίνωσαν ότι αι δυνάμεις των συμμάχων θα τηρήσουν επίσης εκεχειρίαν, παραμένουσαι ό ΣΑΪΓΚΟΝ, 14.— Οι Βιέτ Κόγκ διέκοψαν τας επιθέσεις των επί επταήμερον λόγω των εορτών του σεληνιακού νέου έτους. Αμερικανοί εκπρόσωποι ανεκοίνωσαν ότι αι δυνάμεις των συμμάχων θα τηρήσουν επίσης εκεχειρίαν, παραμένουσαι ό ΣΑΪΓΚΟΝ, 14.— Οι Βιέτ Κόγκ διέκοψαν τας επιθέσεις των επί επταήμερον λόγω των εορτών του σεληνιακού νέου έτους. Αμερικανοί εκπρόσωποι ανεκοίνωσαν ότι αι δυνάμεις των συμμάχων θα τηρήσουν επίσης εκεχειρίαν, παραμένουσαι ό ΣΑΪΓΚΟΝ, 14.— Οι Βιέτ Κόγκ διέκοψαν τας επιθέσεις των επί επταήμερον λόγω των εορτών του σεληνιακού νέου έτους. Αμερικανοί εκπρόσωποι ανεκοίνωσαν ότι αι δυνάμεις των συμμάχων θα τηρήσουν επίσης εκεχειρίαν, παραμένουσαι ό
ΔΙΑΔΗΛΩΣΕΙΣ ΚΑΤΑ ΤΗΝ ΕΠΙΣΚΕΨΙΝ ΤΟΥ Κ. ΝΙΞΟΝ ΕΙΣ ΕΥΡΩΠΗΝ
ΛΟΝΔΙΝΟΝ, 14.— Εκδηλώσεις διαμαρτυρίας οργανώνουν διάφοροι οργανώσεις κατά την διάρκειαν της επικειμένης επισκέψεως του προέδρου Νίξον εις τας ευρωπαϊκάς πρωτευούσας. Αι αρχαί έλαβον έκτακτα μέτρα ασφαλείας, ενώ ο πρόεδρος θα συναντηθή μετά των ηγετών των χωρών του Ατλαντικού συμφώνου. ΛΟΝΔΙΝΟΝ, 14.— Εκδηλώσεις διαμαρτυρίας οργανώνουν διάφοροι οργανώσεις κατά την διάρκειαν της επικειμένης επισκέψεως του προέδρου Νίξον εις τας ευρωπαϊκάς πρωτευούσας. Αι αρχαί έλαβον έκτακτα μέτρα ασφαλείας, ενώ ο πρόεδρ ΛΟΝΔΙΝΟΝ, 14.— Εκδηλώσεις διαμαρτυρίας οργανώνουν διάφοροι οργανώσεις κατά την διάρκειαν της επικειμένης επισκέψεως του προέδρου Νίξον εις τας ευρωπαϊκάς πρωτευούσας. Αι αρχαί έλαβον έκτακτα μέτρα ασφαλείας, ενώ ο πρόεδρ ΛΟΝΔΙΝΟΝ, 14.— Εκδηλώσεις διαμαρτυρίας οργανώνουν διάφοροι οργανώσεις κατά την διάρκειαν της επικειμένης επισκέψεως του προέδρου Νίξον εις τας ευρωπαϊκάς πρωτευούσας. Αι αρχαί έλαβον έκτακτα μέτρα ασφαλείας, ενώ ο πρόεδρ ΛΟΝΔΙΝΟΝ, 14.— Εκδηλώσεις διαμαρτυρίας οργανώνουν διάφοροι οργανώσεις κατά την διάρκειαν της επικειμένης επισκέψεως του προέδρου Νίξον εις τας ευρωπαϊκάς πρωτευούσας. Αι αρχαί έλαβον έκτακτα μέτρα ασφαλείας, ενώ ο πρόεδρ ΛΟΝΔΙΝΟΝ, 14.— Εκδηλώσεις διαμαρτυρίας οργανώνουν διάφοροι οργανώσεις κατά την διάρκειαν της επικειμένης επισκέψεως του προέδρου Νίξον εις τας ευρωπαϊκάς πρωτευούσας. Αι αρχαί έλαβον έκτακτα μέτρα ασφαλείας, ενώ ο πρόεδρ ΛΟΝΔΙΝΟΝ, 14.— Εκδηλώσεις διαμαρτυρίας οργανώνουν διάφοροι οργανώσεις κατά την διάρκειαν της επικειμένης επισκέψεως του προέδρου Νίξον εις τας ευρωπαϊκάς πρωτευούσας. Αι αρχαί έλαβον έκτακτα μέτρα ασφαλείας, ενώ ο πρόεδρ ΛΟΝΔΙΝΟΝ, 14.— Εκδηλώσεις διαμαρτυρίας οργανώνουν διάφοροι οργανώσεις κατά την διάρκειαν της επικειμένης επισκέψεως του προέδρου Νίξον εις τας ευρωπαϊκάς πρωτευούσας. Αι αρχαί έλαβον έκτακτα μέτρα ασφαλείας, ενώ ο πρόεδρ ΛΟΝΔΙΝΟΝ, 14.— Εκδηλώσεις διαμαρτυρίας οργανώνουν διάφοροι οργανώσεις κατά την διάρκειαν της επικειμένης επισκέψεως του προέδρου Νίξον εις τας ευρωπαϊκάς πρωτευούσας. Αι αρχαί έλαβον έκτακτα μέτρα ασφαλείας, ενώ ο πρόεδρ ΛΟΝΔΙΝΟΝ, 14.— Εκδηλώσεις διαμαρτυρίας οργανώνουν διάφοροι οργανώσεις κατά την διάρκειαν της επικειμένης επισκέψεως του προέδρου Νίξον εις τας ευρωπαϊκάς πρωτευούσας. Αι αρχαί έλαβον έκτακτα μέτρα ασφαλείας, ενώ ο πρόεδρ ΛΟΝΔΙΝΟΝ, 14.— Εκδηλώσεις διαμαρτυρίας οργανώνουν διάφοροι οργανώσεις κατά την διάρκειαν της επικειμένης επισκέψεως του προέδρου Νίξον εις τας ευρωπαϊκάς πρωτευούσας. Αι αρχαί έλαβον έκτακτα μέτρα ασφαλείας, ενώ ο πρόεδρ
ΕΚΘΕΣΙΣ ΤΟΥ ΟΗΕ ΕΠΙΣΗΜΑΙΝΕΙ ΤΑΣ ΕΥΚΑΙΡΙΑΣ ΔΙΑ ΤΟΥΣ ΝΕΟΥΣ
ΗΝΩΜΕΝΑ ΕΘΝΗ, 14.— Έκθεσις του Οργανισμού Ηνωμένων Εθνών επισημαίνει τας ευκαιρίας και τα προβλήματα της νεότητος εις τον σύγχρονον κόσμον και προτείνει μέτρα διά την εκπαίδευσιν και την επαγγελματικήν αποκατάστασιν των νέων εις τας αναπτυσσομένας χώρας. ΗΝΩΜΕΝΑ ΕΘΝΗ, 14.— Έκθεσις του Οργανισμού Ηνωμένων Εθνών επισημαίνει τας ευκαιρίας και τα προβλήματα της νεότητος εις τον σύγχρονον κόσμον και προτείνει μέτρα διά την εκπαίδευσιν και την επαγγελματικήν αποκατάστασιν των ΗΝΩΜΕΝΑ ΕΘΝΗ, 14.— Έκθεσις του Οργανισμού Ηνωμένων Εθνών επισημαίνει τας ευκαιρίας και τα προβλήματα της νεότητος εις τον σύγχρονον κόσμον και προτείνει μέτρα διά την εκπαίδευσιν και την επαγγελματικήν αποκατάστασιν των ΗΝΩΜΕΝΑ ΕΘΝΗ, 14.— Έκθεσις του Οργανισμού Ηνωμένων Εθνών επισημαίνει τας ευκαιρίας και τα προβλήματα της νεότητος εις τον σύγχρονον κόσμον και προτείνει μέτρα διά την εκπαίδευσιν και την επαγγελματικήν αποκατάστασιν των ΗΝΩΜΕΝΑ ΕΘΝΗ, 14.— Έκθεσις του Οργανισμού Ηνωμένων Εθνών επισημαίνει τας ευκαιρίας και τα προβλήματα της νεότητος εις τον σύγχρονον κόσμον και προτείνει μέτρα διά την εκπαίδευσιν και την επαγγελματικήν αποκατάστασιν των ΗΝΩΜΕΝΑ ΕΘΝΗ, 14.— Έκθεσις του Οργανισμού Ηνωμένων Εθνών επισημαίνει τας ευκαιρίας και τα προβλήματα της νεότητος εις τον σύγχρονον κόσμον και προτείνει μέτρα διά την εκπαίδευσιν και την επαγγελματικήν αποκατάστασιν των ΗΝΩΜΕΝΑ ΕΘΝΗ, 14.— Έκθεσις του Οργανισμού Ηνωμένων Εθνών επισημαίνει τας ευκαιρίας και τα προβλήματα της νεότητος εις τον σύγχρονον κόσμον και προτείνει μέτρα διά την εκπαίδευσιν και την επαγγελματικήν αποκατάστασιν των ΗΝΩΜΕΝΑ ΕΘΝΗ, 14.— Έκθεσις του Οργανισμού Ηνωμένων Εθνών επισημαίνει τας ευκαιρίας και τα προβλήματα της νεότητος εις τον σύγχρονον κόσμον και προτείνει μέτρα διά την εκπαίδευσιν και την επαγγελματικήν αποκατάστασιν των ΗΝΩΜΕΝΑ ΕΘΝΗ, 14.— Έκθεσις του Οργανισμού Ηνωμένων Εθνών επισημαίνει τας ευκαιρίας και τα προβλήματα της νεότητος εις τον σύγχρονον κόσμον και προτείνει μέτρα διά την εκπαίδευσιν και την επαγγελματικήν αποκατάστασιν των ΗΝΩΜΕΝΑ ΕΘΝΗ, 14.— Έκθεσις του Οργανισμού Ηνωμένων Εθνών επισημαίνει τας ευκαιρίας και τα προβλήματα της νεότητος εις τον σύγχρονον κόσμον και προτείνει μέτρα διά την εκπαίδευσιν και την επαγγελματικήν αποκατάστασιν των ΗΝΩΜΕΝΑ ΕΘΝΗ, 14.— Έκθεσις του Οργανισμού Ηνωμένων Εθνών επισημαίνει τας ευκαιρίας και τα προβλήματα της νεότητος εις τον σύγχρονον κόσμον και προτείνει μέτρα διά την εκπαίδευσιν και την επαγγελματικήν αποκατάστασιν των
ΕΠΙΒΕΤΙΚΗΝ ΠΡΑΞΙΝ ΘΑ ΘΕΩΡΗΣΗ Η ΗΑΔ ΤΗΝ ΠΡΟΜΗΘΕΙΑΝ ΟΠΛΩΝ ΠΡΟΣ ΤΟ ΙΣΡΑΗΛ
ΚΑΪΡΟΝ, 14.— Η Ηνωμένη Αραβική Δημοκρατία θα θεωρήση επιθετικήν πράξιν την προμήθειαν όπλων προς το Ισραήλ υπό δυτικών χωρών, ως δηλοί ανακοίνωσις της κυβερνήσεως του Καΐρου. Η ανακοίνωσις προειδοποιεί ότι τοιαύτη ενέργεια θα επιδεινώση την κατάστασιν εις την Μέσην Ανατολήν. ΚΑΪΡΟΝ, 14.— Η Ηνωμένη Αραβική Δημοκρατία θα θεωρήση επιθετικήν πράξιν την προμήθειαν όπλων προς το Ισραήλ υπό δυτικών χωρών, ως δηλοί ανακοίνωσις της κυβερνήσεως του Καΐρου. Η ανακοίνωσις προειδοποιεί ότι τοιαύτη ενέργε ΚΑΪΡΟΝ, 14.— Η Ηνωμένη Αραβική Δημοκρατία θα θεωρήση επιθετικήν πράξιν την προμήθειαν όπλων προς το Ισραήλ υπό δυτικών χωρών, ως δηλοί ανακοίνωσις της κυβερνήσεως του Καΐρου. Η ανακοίνωσις προειδοποιεί ότι τοιαύτη ενέργε ΚΑΪΡΟΝ, 14.— Η Ηνωμένη Αραβική Δημοκρατία θα θεωρήση επιθετικήν πράξιν την προμήθειαν όπλων προς το Ισραήλ υπό δυτικών χωρών, ως δηλοί ανακοίνωσις της κυβερνήσεως του Καΐρου. Η ανακοίνωσις προειδοποιεί ότι τοιαύτη ενέργε ΚΑΪΡΟΝ, 14.— Η Ηνωμένη Αραβική Δημοκρατία θα θεωρήση επιθετικήν πράξιν την προμήθειαν όπλων προς το Ισραήλ υπό δυτικών χωρών, ως δηλοί ανακοίνωσις της κυβερνήσεως του Καΐρου. Η ανακοίνωσις προειδοποιεί ότι τοιαύτη ενέργε ΚΑΪΡΟΝ, 14.— Η Ηνωμένη Αραβική Δημοκρατία θα θεωρήση επιθετικήν πράξιν την προμήθειαν όπλων προς το Ισραήλ υπό δυτικών χωρών, ως δηλοί ανακοίνωσις της κυβερνήσεως του Καΐρου. Η ανακοίνωσις προειδοποιεί ότι τοιαύτη ενέργε ΚΑΪΡΟΝ, 14.— Η Ηνωμένη Αραβική Δημοκρατία θα θεωρήση επιθετικήν πράξιν την προμήθειαν όπλων προς το Ισραήλ υπό δυτικών χωρών, ως δηλοί ανακοίνωσις της κυβερνήσεως του Καΐρου. Η ανακοίνωσις προειδοποιεί ότι τοιαύτη ενέργε ΚΑΪΡΟΝ, 14.— Η Ηνωμένη Αραβική Δημοκρατία θα θεωρήση επιθετικήν πράξιν την προμήθειαν όπλων προς το Ισραήλ υπό δυτικών χωρών, ως δηλοί ανακοίνωσις της κυβερνήσεως του Καΐρου. Η ανακοίνωσις προειδοποιεί ότι τοιαύτη ενέργε ΚΑΪΡΟΝ, 14.— Η Ηνωμένη Αραβική Δημοκρατία θα θεωρήση επιθετικήν πράξιν την προμήθειαν όπλων προς το Ισραήλ υπό δυτικών χωρών, ως δηλοί ανακοίνωσις της κυβερνήσεως του Καΐρου. Η ανακοίνωσις προειδοποιεί ότι τοιαύτη ενέργε ΚΑΪΡΟΝ, 14.— Η Ηνωμένη Αραβική Δημοκρατία θα θεωρήση επιθετικήν πράξιν την προμήθειαν όπλων προς το Ισραήλ υπό δυτικών χωρών, ως δηλοί ανακοίνωσις της κυβερνήσεως του Καΐρου. Η ανακοίνωσις προειδοποιεί ότι τοιαύτη ενέργε ΚΑΪΡΟΝ, 14.— Η Ηνωμένη Αραβική Δημοκρατία θα θεωρήση επιθετικήν πράξιν την προμήθειαν όπλων προς το Ισραήλ υπό δυτικών χωρών, ως δηλοί ανακοίνωσις της κυβερνήσεως του Καΐρου. Η ανακοίνωσις προειδοποιεί ότι τοιαύτη ενέργε
Ο ΕΞΟΛΟΓΙΣΤΙΚΟΣ ΠΡΟΣΔΙΟΡΙΣΜΟΣ ΤΩΝ ΚΕΡΔΩΝ ΕΠΙΧΕΙΡΗΣΕΩΝ
ΑΘΗΝΑΙ, 14.— Διά τον εξωλογιστικόν προσδιορισμόν των κερδών των επιχειρήσεων εξεδόθη νέα εγκύκλιος του υπουργείου Οικονομικών, η οποία καθορίζει τους συντελεστάς κέρδους διά τας διαφόρους κατηγορίας επαγγελμάτων. ΑΘΗΝΑΙ, 14.— Διά τον εξωλογιστικόν προσδιορισμόν των κερδών των επιχειρήσεων εξεδόθη νέα εγκύκλιος του υπουργείου Οικονομικών, η οποία καθορίζει τους συντελεστάς κέρδους διά τας διαφόρους κατηγορίας επαγγελμάτων. ΑΘΗΝΑΙ, 14.— Διά τον εξωλογιστικόν προσδιορισμόν των κερδών των επιχειρήσεων εξεδόθη νέα εγκύκλιος του υπουργείου Οικονομικών, η οποία καθορίζει τους συντελεστάς κέρδους διά τας διαφόρους κατηγορίας επαγγελμάτων. ΑΘΗΝΑΙ, ΑΘΗΝΑΙ, 14.— Διά τον εξωλογιστικόν προσδιορισμόν των κερδών των επιχειρήσεων εξεδόθη νέα εγκύκλιος του υπουργείου Οικονομικών, η οποία καθορίζει τους συντελεστάς κέρδους διά τας διαφόρους κατηγορίας επαγγελμάτων. ΑΘΗΝΑΙ, ΑΘΗΝΑΙ, 14.— Διά τον εξωλογιστικόν προσδιορισμόν των κερδών των επιχειρήσεων εξεδόθη νέα εγκύκλιος του υπουργείου Οικονομικών, η οποία καθορίζει τους συντελεστάς κέρδους διά τας διαφόρους κατηγορίας επαγγελμάτων. ΑΘΗΝΑΙ, ΑΘΗΝΑΙ, 14.— Διά τον εξωλογιστικόν προσδιορισμόν των κερδών των επιχειρήσεων εξεδόθη νέα εγκύκλιος του υπουργείου Οικονομικών, η οποία καθορίζει τους συντελεστάς κέρδους διά τας διαφόρους κατηγορίας επαγγελμάτων. ΑΘΗΝΑΙ, ΑΘΗΝΑΙ, 14.— Διά τον εξωλογιστικόν προσδιορισμόν των κερδών των επιχειρήσεων εξεδόθη νέα εγκύκλιος του υπουργείου Οικονομικών, η οποία καθορίζει τους συντελεστάς κέρδους διά τας διαφόρους κατηγορίας επαγγελμάτων. ΑΘΗΝΑΙ, ΑΘΗΝΑΙ, 14.— Διά τον εξωλογιστικόν προσδιορισμόν των κερδών των επιχειρήσεων εξεδόθη νέα εγκύκλιος του υπουργείου Οικονομικών, η οποία καθορίζει τους συντελεστάς κέρδους διά τας διαφόρους κατηγορίας επαγγελμάτων. ΑΘΗΝΑΙ, ΑΘΗΝΑΙ, 14.— Διά τον εξωλογιστικόν προσδιορισμόν των κερδών των επιχειρήσεων εξεδόθη νέα εγκύκλιος του υπουργείου Οικονομικών, η οποία καθορίζει τους συντελεστάς κέρδους διά τας διαφόρους κατηγορίας επαγγελμάτων. ΑΘΗΝΑΙ, ΑΘΗΝΑΙ, 14.— Διά τον εξωλογιστικόν προσδιορισμόν των κερδών των επιχειρήσεων εξεδόθη νέα εγκύκλιος του υπουργείου Οικονομικών, η οποία καθορίζει τους συντελεστάς κέρδους διά τας διαφόρους κατηγορίας επαγγελμάτων. ΑΘΗΝΑΙ, ΑΘΗΝΑΙ, 14.— Διά τον εξωλογιστικόν προσδιορισμόν των κερδών των επιχειρήσεων εξεδόθη νέα εγκύκλιος του υπουργείου Οικονομικών, η οποία καθορίζει τους συντελεστάς κέρδους διά τας διαφόρους κατηγορίας επαγγελμάτων. ΑΘΗΝΑΙ,
Ο ΔΙΑΣΗΜΟΣ ΚΩΜΙΚΟΣ ΚΕΝΕΘ ΧΟΡΝ ΥΠΕΣΤΗ ΣΥΓΚΟΠΗΝ
ΛΟΝΔΙΝΟΝ, 14.— Ο διάσημος Άγγλος κωμικός Κένεθ Χορν υπέστη συγκοπήν κατά την διάρκειαν τελετής απονομής βραβείων και απεβίωσε κατά την μεταφοράν του εις το νοσοκομείον. ΛΟΝΔΙΝΟΝ, 14.— Ο διάσημος Άγγλος κωμικός Κένεθ Χορν υπέστη συγκοπήν κατά την διάρκειαν τελετής απονομής βραβείων και απεβίωσε κατά την μεταφοράν του εις το νοσοκομείον. ΛΟΝΔΙΝΟΝ, 14.— Ο διάσημος Άγγλος κωμικός Κένεθ Χορν υπέστη συγκοπήν κατά την διάρκειαν τελετής απονομής βραβείων και απεβίωσε κατά την μεταφοράν του εις το νοσοκομείον. ΛΟΝΔΙΝΟΝ, 14.— Ο διάσημος Άγγλος κωμικός Κένεθ Χορν ΛΟΝΔΙΝΟΝ, 14.— Ο διάσημος Άγγλος κωμικός Κένεθ Χορν υπέστη συγκοπήν κατά την διάρκειαν τελετής απονομής βραβείων και απεβίωσε κατά την μεταφοράν του εις το νοσοκομείον. ΛΟΝΔΙΝΟΝ, 14.— Ο διάσημος Άγγλος κωμικός Κένεθ Χορν ΛΟΝΔΙΝΟΝ, 14.— Ο διάσημος Άγγλος κωμικός Κένεθ Χορν υπέστη συγκοπήν κατά την διάρκειαν τελετής απονομής βραβείων και απεβίωσε κατά την μεταφοράν του εις το νοσοκομείον. ΛΟΝΔΙΝΟΝ, 14.— Ο διάσημος Άγγλος κωμικός Κένεθ Χορν ΛΟΝΔΙΝΟΝ, 14.— Ο διάσημος Άγγλος κωμικός Κένεθ Χορν υπέστη συγκοπήν κατά την διάρκειαν τελετής απονομής βραβείων και απεβίωσε κατά την μεταφοράν του εις το νοσοκομείον. ΛΟΝΔΙΝΟΝ, 14.— Ο διάσημος Άγγλος κωμικός Κένεθ Χορν ΛΟΝΔΙΝΟΝ, 14.— Ο διάσημος Άγγλος κωμικός Κένεθ Χορν υπέστη συγκοπήν κατά την διάρκειαν τελετής απονομής βραβείων και απεβίωσε κατά την μεταφοράν του εις το νοσοκομείον. ΛΟΝΔΙΝΟΝ, 14.— Ο διάσημος Άγγλος κωμικός Κένεθ Χορν ΛΟΝΔΙΝΟΝ, 14.— Ο διάσημος Άγγλος κωμικός Κένεθ Χορν υπέστη συγκοπήν κατά την διάρκειαν τελετής απονομής βραβείων και απεβίωσε κατά την μεταφοράν του εις το νοσοκομείον. ΛΟΝΔΙΝΟΝ, 14.— Ο διάσημος Άγγλος κωμικός Κένεθ Χορν ΛΟΝΔΙΝΟΝ, 14.— Ο διάσημος Άγγλος κωμικός Κένεθ Χορν υπέστη συγκοπήν κατά την διάρκειαν τελετής απονομής βραβείων και απεβίωσε κατά την μεταφοράν του εις το νοσοκομείον. ΛΟΝΔΙΝΟΝ, 14.— Ο διάσημος Άγγλος κωμικός Κένεθ Χορν ΛΟΝΔΙΝΟΝ, 14.— Ο διάσημος Άγγλος κωμικός Κένεθ Χορν υπέστη συγκοπήν κατά την διάρκειαν τελετής απονομής βραβείων και απεβίωσε κατά την μεταφοράν του εις το νοσοκομείον. ΛΟΝΔΙΝΟΝ, 14.— Ο διάσημος Άγγλος κωμικός Κένεθ Χορν ΛΟΝΔΙΝΟΝ, 14.— Ο διάσημος Άγγλος κωμικός Κένεθ Χορν υπέστη συγκοπήν κατά την διάρκειαν τελετής απονομής βραβείων και απεβίωσε κατά την μεταφοράν του εις το νοσοκομείον. ΛΟΝΔΙΝΟΝ, 14.— Ο διάσημος Άγγλος κωμικός Κένεθ Χορν
ΔΙΕΥΡΥΝΕΤΑΙ Ο ΚΥΚΛΟΣ ΕΞΑΓΟΜΕΝΩΝ ΒΙΟΜΗΧΑΝΙΚΩΝ ΕΙΔΩΝ
ΑΘΗΝΑΙ, 14.— Διευρύνεται συνεχώς ο κύκλος των εξαγομένων βιομηχανικών ειδών, ως προκύπτει εκ των στοιχείων της Τραπέζης της Ελλάδος. Αι εξαγωγαί αλουμινίου, τσιμέντων, νημάτων και υφασμάτων, χημικών προϊόντων και ενδυμάτων εσημείωσαν σημαντικήν αύξησιν κατά το παρελθόν έτος. ΑΘΗΝΑΙ, 14.— Διευρύνεται συνεχώς ο κύκλος των εξαγομένων βιομηχανικών ειδών, ως προκύπτει εκ των στοιχείων της Τραπέζης της Ελλάδος. Αι εξαγωγαί αλουμινίου, τσιμέντων, νημάτων και υφασμάτων, χημικών προϊόντων και ενδυμάτ ΑΘΗΝΑΙ, 14.— Διευρύνεται συνεχώς ο κύκλος των εξαγομένων βιομηχανικών ειδών, ως προκύπτει εκ των στοιχείων της Τραπέζης της Ελλάδος. Αι εξαγωγαί αλουμινίου, τσιμέντων, νημάτων και υφασμάτων, χημικών προϊόντων και ενδυμάτ ΑΘΗΝΑΙ, 14.— Διευρύνεται συνεχώς ο κύκλος των εξαγομένων βιομηχανικών ειδών, ως προκύπτει εκ των στοιχείων της Τραπέζης της Ελλάδος. Αι εξαγωγαί αλουμινίου, τσιμέντων, νημάτων και υφασμάτων, χημικών προϊόντων και ενδυμάτ ΑΘΗΝΑΙ, 14.— Διευρύνεται συνεχώς ο κύκλος των εξαγομένων βιομηχανικών ειδών, ως προκύπτει εκ των στοιχείων της Τραπέζης της Ελλάδος. Αι εξαγωγαί αλουμινίου, τσιμέντων, νημάτων και υφασμάτων, χημικών προϊόντων και ενδυμάτ ΑΘΗΝΑΙ, 14.— Διευρύνεται συνεχώς ο κύκλος των εξαγομένων βιομηχανικών ειδών, ως προκύπτει εκ των στοιχείων της Τραπέζης της Ελλάδος. Αι εξαγωγαί αλουμινίου, τσιμέντων, νημάτων και υφασμάτων, χημικών προϊόντων και ενδυμάτ ΑΘΗΝΑΙ, 14.— Διευρύνεται συνεχώς ο κύκλος των εξαγομένων βιομηχανικών ειδών, ως προκύπτει εκ των στοιχείων της Τραπέζης της Ελλάδος. Αι εξαγωγαί αλουμινίου, τσιμέντων, νημάτων και υφασμάτων, χημικών προϊόντων και ενδυμάτ ΑΘΗΝΑΙ, 14.— Διευρύνεται συνεχώς ο κύκλος των εξαγομένων βιομηχανικών ειδών, ως προκύπτει εκ των στοιχείων της Τραπέζης της Ελλάδος. Αι εξαγωγαί αλουμινίου, τσιμέντων, νημάτων και υφασμάτων, χημικών προϊόντων και ενδυμάτ ΑΘΗΝΑΙ, 14.— Διευρύνεται συνεχώς ο κύκλος των εξαγομένων βιομηχανικών ειδών, ως προκύπτει εκ των στοιχείων της Τραπέζης της Ελλάδος. Αι εξαγωγαί αλουμινίου, τσιμέντων, νημάτων και υφασμάτων, χημικών προϊόντων και ενδυμάτ ΑΘΗΝΑΙ, 14.— Διευρύνεται συνεχώς ο κύκλος των εξαγομένων βιομηχανικών ειδών, ως προκύπτει εκ των στοιχείων της Τραπέζης της Ελλάδος. Αι εξαγωγαί αλουμινίου, τσιμέντων, νημάτων και υφασμάτων, χημικών προϊόντων και ενδυμάτ ΑΘΗΝΑΙ, 14.— Διευρύνεται συνεχώς ο κύκλος των εξαγομένων βιομηχανικών ειδών, ως προκύπτει εκ των στοιχείων της Τραπέζης της Ελλάδος. Αι εξαγωγαί αλουμινίου, τσιμέντων, νημάτων και υφασμάτων, χημικών προϊόντων και ενδυμάτ
ΑΠΕΘΑΝΕΝ Ο ΓΕΡΜΑΝΟΣ ΜΕ ΤΗΝ ΞΕΝΗΝ ΚΑΡΔΙΑΝ
ΜΟΝΑΧΟΝ, 14.— Απεβίωσεν ο Γερμανός εις τον οποίον είχε μεταμοσχευθή ξένη καρδία προ τριών μηνών. Οι ιατροί ανεκοίνωσαν ότι ο θάνατος επήλθεν εκ της απορρίψεως του μοσχεύματος. ΜΟΝΑΧΟΝ, 14.— Απεβίωσεν ο Γερμανός εις τον οποίον είχε μεταμοσχευθή ξένη καρδία προ τριών μηνών. Οι ιατροί ανεκοίνωσαν ότι ο θάνατος επήλθεν εκ της απορρίψεως του μοσχεύματος. ΜΟΝΑΧΟΝ, 14.— Απεβίωσεν ο Γερμανός εις τον οποίον είχε μεταμοσχευθή ξένη καρδία προ τριών μηνών. Οι ιατροί ανεκοίνωσαν ότι ο θάνατος επήλθεν εκ της απορρίψεως του μοσχεύματος. ΜΟΝΑΧΟΝ, 14.— Απεβίωσεν ο Γερμανός εις τον ο ΜΟΝΑΧΟΝ, 14.— Απεβίωσεν ο Γερμανός εις τον οποίον είχε μεταμοσχευθή ξένη καρδία προ τριών μηνών. Οι ιατροί ανεκοίνωσαν ότι ο θάνατος επήλθεν εκ της απορρίψεως του μοσχεύματος. ΜΟΝΑΧΟΝ, 14.— Απεβίωσεν ο Γερμανός εις τον ο ΜΟΝΑΧΟΝ, 14.— Απεβίωσεν ο Γερμανός εις τον οποίον είχε μεταμοσχευθή ξένη καρδία προ τριών μηνών. Οι ιατροί ανεκοίνωσαν ότι ο θάνατος επήλθεν εκ της απορρίψεως του μοσχεύματος. ΜΟΝΑΧΟΝ, 14.— Απεβίωσεν ο Γερμανός εις τον ο ΜΟΝΑΧΟΝ, 14.— Απεβίωσεν ο Γερμανός εις τον οποίον είχε μεταμοσχευθή ξένη καρδία προ τριών μηνών. Οι ιατροί ανεκοίνωσαν ότι ο θάνατος επήλθεν εκ της απορρίψεως του μοσχεύματος. ΜΟΝΑΧΟΝ, 14.— Απεβίωσεν ο Γερμανός εις τον ο ΜΟΝΑΧΟΝ, 14.— Απεβίωσεν ο Γερμανός εις τον οποίον είχε μεταμοσχευθή ξένη καρδία προ τριών μηνών. Οι ιατροί ανεκοίνωσαν ότι ο θάνατος επήλθεν εκ της απορρίψεως του μοσχεύματος. ΜΟΝΑΧΟΝ, 14.— Απεβίωσεν ο Γερμανός εις τον ο ΜΟΝΑΧΟΝ, 14.— Απεβίωσεν ο Γερμανός εις τον οποίον είχε μεταμοσχευθή ξένη καρδία προ τριών μηνών. Οι ιατροί ανεκοίνωσαν ότι ο θάνατος επήλθεν εκ της απορρίψεως του μοσχεύματος. ΜΟΝΑΧΟΝ, 14.— Απεβίωσεν ο Γερμανός εις τον ο ΜΟΝΑΧΟΝ, 14.— Απεβίωσεν ο Γερμανός εις τον οποίον είχε μεταμοσχευθή ξένη καρδία προ τριών μηνών. Οι ιατροί ανεκοίνωσαν ότι ο θάνατος επήλθεν εκ της απορρίψεως του μοσχεύματος. ΜΟΝΑΧΟΝ, 14.— Απεβίωσεν ο Γερμανός εις τον ο ΜΟΝΑΧΟΝ, 14.— Απεβίωσεν ο Γερμανός εις τον οποίον είχε μεταμοσχευθή ξένη καρδία προ τριών μηνών. Οι ιατροί ανεκοίνωσαν ότι ο θάνατος επήλθεν εκ της απορρίψεως του μοσχεύματος. ΜΟΝΑΧΟΝ, 14.— Απεβίωσεν ο Γερμανός εις τον ο ΜΟΝΑΧΟΝ, 14.— Απεβίωσεν ο Γερμανός εις τον οποίον είχε μεταμοσχευθή ξένη καρδία προ τριών μηνών. Οι ιατροί ανεκοίνωσαν ότι ο θάνατος επήλθεν εκ της απορρίψεως του μοσχεύματος. ΜΟΝΑΧΟΝ, 14.— Απεβίωσεν ο Γερμανός εις τον ο
ΔΕΝ ΘΑ ΠΕΡΙΛΑΜΒΑΝΗ ΕΝΤΥΠΩΣΙΑΚΑ ΕΓΧΕΙΡΗΜΑΤΑ ΚΑΤΑ ΤΗΝ ΜΕΤΑ ΤΟ 1970 ΔΕΚΑΕΤΙΑΝ ΤΟ ΔΙΑΣΤΗΜΙΚΟΝ ΠΡΟΓΡΑΜΜΑ ΤΩΝ ΗΝΩΜ. ΠΟΛΙΤΕΙΩΝ
ΟΥΑΣΙΓΚΤΩΝ, 14.— Το διαστημικόν πρόγραμμα των Ηνωμένων Πολιτειών δεν θα περιλαμβάνη εντυπωσιακά εγχειρήματα κατά την μετά το 1970 δεκαετίαν, ως δηλοί ο διευθυντής της Διαστημικής Υπηρεσίας. Μετά την προσσελήνωσιν, η οποία προβλέπεται διά το θέρος του 1969, το πρόγραμμα θα προσανατολισθή προς την εξερεύνησιν του ηλιακού συστήματος διά μη επανδρωμένων σκαφών και προς την κατασκευήν διαστημικών σταθμών εις τροχιάν περί την Γην. Ο κ. Πέιν ετόνισεν ότι αι δαπάναι θα περιορισθούν και η έμφασις θα δοθή εις τας επιστημονικάς εφαρμογάς. ΤΟΡΟΝΤΟ, 14.— Καναδοί επιστήμονες ανεκοίνωσαν ότι παρακολουθούν τας πτήσεις διά των ραδιοτηλεσκοπίων. ΒΑΡΣΟΒΙΑ, 14.— Επίσημος επίσκεψις. ΡΩΜΗ, 14.— Ο πρόεδρος της Ιταλικής Δημοκρατίας δέχεται τους εκπροσώπους. ΟΥΑΣΙΓΚΤΩΝ, 14.— Το διαστημικόν πρόγραμμα των Ηνωμένων Πολιτειών δεν θα περιλαμβάνη εντυπωσιακά εγχειρήματα κατά την μετά το 1970 δεκαετίαν, ως δηλοί ο διευθυντής της Διαστημικής Υπηρεσίας. Μετά την προσσελήνωσιν, η οποί ΟΥΑΣΙΓΚΤΩΝ, 14.— Το διαστημικόν πρόγραμμα των Ηνωμένων Πολιτειών δεν θα περιλαμβάνη εντυπωσιακά εγχειρήματα κατά την μετά το 1970 δεκαετίαν, ως δηλοί ο διευθυντής της Διαστημικής Υπηρεσίας. Μετά την προσσελήνωσιν, η οποί ΟΥΑΣΙΓΚΤΩΝ, 14.— Το διαστημικόν πρόγραμμα των Ηνωμένων Πολιτειών δεν θα περιλαμβάνη εντυπωσιακά εγχειρήματα κατά την μετά το 1970 δεκαετίαν, ως δηλοί ο διευθυντής της Διαστημικής Υπηρεσίας. Μετά την προσσελήνωσιν, η οποί ΟΥΑΣΙΓΚΤΩΝ, 14.— Το διαστημικόν πρόγραμμα των Ηνωμένων Πολιτειών δεν θα περιλαμβάνη εντυπωσιακά εγχειρήματα κατά την μετά το 1970 δεκαετίαν, ως δηλοί ο διευθυντής της Διαστημικής Υπηρεσίας. Μετά την προσσελήνωσιν, η οποί ΟΥΑΣΙΓΚΤΩΝ, 14.— Το διαστημικόν πρόγραμμα των Ηνωμένων Πολιτειών δεν θα περιλαμβάνη εντυπωσιακά εγχειρήματα κατά την μετά το 1970 δεκαετίαν, ως δηλοί ο διευθυντής της Διαστημικής Υπηρεσίας. Μετά την προσσελήνωσιν, η οποί ΟΥΑΣΙΓΚΤΩΝ, 14.— Το διαστημικόν πρόγραμμα των Ηνωμένων Πολιτειών δεν θα περιλαμβάνη εντυπωσιακά εγχειρήματα κατά την μετά το 1970 δεκαετίαν, ως δηλοί ο διευθυντής της Διαστημικής Υπηρεσίας. Μετά την προσσελήνωσιν, η οποί ΟΥΑΣΙΓΚΤΩΝ, 14.— Το διαστημικόν πρόγραμμα των Ηνωμένων Πολιτειών δεν θα περιλαμβάνη εντυπωσιακά εγχειρήματα κατά την μετά το 1970 δεκαετίαν, ως δηλοί ο διευθυντής της Διαστημικής Υπηρεσίας. Μετά την προσσελήνωσιν, η οποί ΟΥΑΣΙΓΚΤΩΝ, 14.— Το διαστημικόν πρόγραμμα των Ηνωμένων Πολιτειών δεν θα περιλαμβάνη εντυπωσιακά εγχειρήματα κατά την μετά το 1970 δεκαετίαν, ως δηλοί ο διευθυντής της Διαστημικής Υπηρεσίας. Μετά την προσσελήνωσιν, η οποί
ΔΙΑ ΤΗΣ ΕΠΙ ΕΠΙΧΕΙΡΗΜΑΤΙΚΗΣ ΒΑΣΕΩΣ ΟΡΓΑΝΩΣΕΩΣ ΤΩΝ ΑΓΡΟΤΙΚΩΝ ΕΚΜΕΤΑΛΛΕΥΣΕΩΝ ΤΗΣ ΧΩΡΑΣ ΘΑ ΣΗΜΕΙΩΘΗ ΤΑΧΥΡΡΥΘΜΟΣ ΑΝΑΠΤΥΞΙΣ ΤΗΣ ΓΕΩΡΓΙΑΣ
ΑΘΗΝΑΙ, 14.— Το πρόγραμμα προγραμματισμού και αναπτύξεως προβλέπει την οργάνωσιν των αγροτικών εκμεταλλεύσεων επί επιχειρηματικής βάσεως, ώστε να σημειωθή ταχύρρυθμος ανάπτυξις της γεωργίας. Προβλέπεται η ενίσχυσις των συνεταιρισμών, ο αναδασμός των κλήρων, η εκμηχάνισις της καλλιεργείας και η βελτίωσις του συστήματος εμπορίας των αγροτικών προϊόντων. Κατά το έτος 1968 εσημειώθη αύξησις της γεωργικής παραγωγής. ΑΘΗΝΑΙ, 14.— Το πρόγραμμα προγραμματισμού και αναπτύξεως προβλέπει την οργάνωσιν των αγροτικών εκμεταλλεύσεων επί επιχειρηματικής βάσεως, ώστε να σημειωθή ταχύρρυθμος ανάπτυξις της γεωργίας. Προβλέπεται η ενίσχυσις των σ ΑΘΗΝΑΙ, 14.— Το πρόγραμμα προγραμματισμού και αναπτύξεως προβλέπει την οργάνωσιν των αγροτικών εκμεταλλεύσεων επί επιχειρηματικής βάσεως, ώστε να σημειωθή ταχύρρυθμος ανάπτυξις της γεωργίας. Προβλέπεται η ενίσχυσις των σ ΑΘΗΝΑΙ, 14.— Το πρόγραμμα προγραμματισμού και αναπτύξεως προβλέπει την οργάνωσιν των αγροτικών εκμεταλλεύσεων επί επιχειρηματικής βάσεως, ώστε να σημειωθή ταχύρρυθμος ανάπτυξις της γεωργίας. Προβλέπεται η ενίσχυσις των σ ΑΘΗΝΑΙ, 14.— Το πρόγραμμα προγραμματισμού και αναπτύξεως προβλέπει την οργάνωσιν των αγροτικών εκμεταλλεύσεων επί επιχειρηματικής βάσεως, ώστε να σημειωθή ταχύρρυθμος ανάπτυξις της γεωργίας. Προβλέπεται η ενίσχυσις των σ ΑΘΗΝΑΙ, 14.— Το πρόγραμμα προγραμματισμού και αναπτύξεως προβλέπει την οργάνωσιν των αγροτικών εκμεταλλεύσεων επί επιχειρηματικής βάσεως, ώστε να σημειωθή ταχύρρυθμος ανάπτυξις της γεωργίας. Προβλέπεται η ενίσχυσις των σ ΑΘΗΝΑΙ, 14.— Το πρόγραμμα προγραμματισμού και αναπτύξεως προβλέπει την οργάνωσιν των αγροτικών εκμεταλλεύσεων επί επιχειρηματικής βάσεως, ώστε να σημειωθή ταχύρρυθμος ανάπτυξις της γεωργίας. Προβλέπεται η ενίσχυσις των σ ΑΘΗΝΑΙ, 14.— Το πρόγραμμα προγραμματισμού και αναπτύξεως προβλέπει την οργάνωσιν των αγροτικών εκμεταλλεύσεων επί επιχειρηματικής βάσεως, ώστε να σημειωθή ταχύρρυθμος ανάπτυξις της γεωργίας. Προβλέπεται η ενίσχυσις των σ ΑΘΗΝΑΙ, 14.— Το πρόγραμμα προγραμματισμού και αναπτύξεως προβλέπει την οργάνωσιν των αγροτικών εκμεταλλεύσεων επί επιχειρηματικής βάσεως, ώστε να σημειωθή ταχύρρυθμος ανάπτυξις της γεωργίας. Προβλέπεται η ενίσχυσις των σ
ΚΑΙ ΕΙΣ ΤΗΝ ΕΛΒΕΤΙΑΝ Ο ΑΔΟΛΦΟΣ ΧΙΤΛΕΡ ΕΣΧΕΔΙΑΖΕΝ ΑΙΦΝΙΔΙΑΣΤΙΚΗΝ ΕΙΣΒΟΛΗΝ ΩΣ ΑΠΟΚΑΛΥΠΤΟΥΝ ΤΑ ΠΟΛΕΜΙΚΑ ΑΡΧΕΙΑ
ΠΑΡΙΣΙ, 14.— Ως αποκαλύπτουν τα πολεμικά αρχεία της Γερμανίας, ο Αδόλφος Χίτλερ είχε σχεδιάσει αιφνιδιαστικήν εισβολήν εις την Ελβετίαν κατά το 1940. Το σχέδιον, το οποίον έφερε την κωδικήν ονομασίαν «Τάννενμπαουμ», προέβλεπε την ταυτόχρονον επίθεσιν γερμανικών και ιταλικών δυνάμεων. Το σχέδιον εγκατελείφθη τελικώς λόγω της αντιστάσεως των ελβετικών δυνάμεων και των αναγκών του πολέμου εις άλλα μέτωπα. Ιστορικοί σημειώνουν ότι η ελβετική ουδετερότης διετηρήθη χάρις εις την αποτρεπτικήν ισχύν του ελβετικού στρατού. ΠΑΡΙΣΙ, 14.— Ως αποκαλύπτουν τα πολεμικά αρχεία της Γερμανίας, ο Αδόλφος Χίτλερ είχε σχεδιάσει αιφνιδιαστικήν εισβολήν εις την Ελβετίαν κατά το 1940. Το σχέδιον, το οποίον έφερε την κωδικήν ονομασίαν «Τάννενμπαουμ», προέ ΠΑΡΙΣΙ, 14.— Ως αποκαλύπτουν τα πολεμικά αρχεία της Γερμανίας, ο Αδόλφος Χίτλερ είχε σχεδιάσει αιφνιδιαστικήν εισβολήν εις την Ελβετίαν κατά το 1940. Το σχέδιον, το οποίον έφερε την κωδικήν ονομασίαν «Τάννενμπαουμ», προέ ΠΑΡΙΣΙ, 14.— Ως αποκαλύπτουν τα πολεμικά αρχεία της Γερμανίας, ο Αδόλφος Χίτλερ είχε σχεδιάσει αιφνιδιαστικήν εισβολήν εις την Ελβετίαν κατά το 1940. Το σχέδιον, το οποίον έφερε την κωδικήν ονομασίαν «Τάννενμπαουμ», προέ ΠΑΡΙΣΙ, 14.— Ως αποκαλύπτουν τα πολεμικά αρχεία της Γερμανίας, ο Αδόλφος Χίτλερ είχε σχεδιάσει αιφνιδιαστικήν εισβολήν εις την Ελβετίαν κατά το 1940. Το σχέδιον, το οποίον έφερε την κωδικήν ονομασίαν «Τάννενμπαουμ», προέ ΠΑΡΙΣΙ, 14.— Ως αποκαλύπτουν τα πολεμικά αρχεία της Γερμανίας, ο Αδόλφος Χίτλερ είχε σχεδιάσει αιφνιδιαστικήν εισβολήν εις την Ελβετίαν κατά το 1940. Το σχέδιον, το οποίον έφερε την κωδικήν ονομασίαν «Τάννενμπαουμ», προέ ΠΑΡΙΣΙ, 14.— Ως αποκαλύπτουν τα πολεμικά αρχεία της Γερμανίας, ο Αδόλφος Χίτλερ είχε σχεδιάσει αιφνιδιαστικήν εισβολήν εις την Ελβετίαν κατά το 1940. Το σχέδιον, το οποίον έφερε την κωδικήν ονομασίαν «Τάννενμπαουμ», προέ ΠΑΡΙΣΙ, 14.— Ως αποκαλύπτουν τα πολεμικά αρχεία της Γερμανίας, ο Αδόλφος Χίτλερ είχε σχεδιάσει αιφνιδιαστικήν εισβολήν εις την Ελβετίαν κατά το 1940. Το σχέδιον, το οποίον έφερε την κωδικήν ονομασίαν «Τάννενμπαουμ», προέ ΠΑΡΙΣΙ, 14.— Ως αποκαλύπτουν τα πολεμικά αρχεία της Γερμανίας, ο Αδόλφος Χίτλερ είχε σχεδιάσει αιφνιδιαστικήν εισβολήν εις την Ελβετίαν κατά το 1940. Το σχέδιον, το οποίον έφερε την κωδικήν ονομασίαν «Τάννενμπαουμ», προέ
ΕΚΠΡΟΣΩΠΟΙ ΥΠΗΡΕΣΙΩΝ ΚΑΙ ΟΡΓΑΝΩΣΕΩΝ ΜΕΛΕΤΟΥΝ ΤΟ ΘΕΜΑ ΤΗΣ ΠΡΟΣΦΟΡΑΣ ΔΩΡΩΝ ΔΙΑ ΤΗΝ ΠΡΟΒΟΛΗΝ ΤΩΝ ΕΛΛΗΝΙΚΩΝ ΕΙΔΩΝ
ΑΘΗΝΑΙ, 14.— Εκπρόσωποι υπηρεσιών και οργανώσεων μελετούν το θέμα της προσφοράς δώρων εις επισήμους ξένους επισκέπτας διά την προβολήν των ελληνικών ειδών λαϊκής τέχνης, κεραμικής, υφαντικής και αργυροχοΐας. Προτείνεται η δημιουργία ειδικής συλλογής. ΑΘΗΝΑΙ, 14.— Εκπρόσωποι υπηρεσιών και οργανώσεων μελετούν το θέμα της προσφοράς δώρων εις επισήμους ξένους επισκέπτας διά την προβολήν των ελληνικών ειδών λαϊκής τέχνης, κεραμικής, υφαντικής και αργυροχοΐας. Προτείνεται ΑΘΗΝΑΙ, 14.— Εκπρόσωποι υπηρεσιών και οργανώσεων μελετούν το θέμα της προσφοράς δώρων εις επισήμους ξένους επισκέπτας διά την προβολήν των ελληνικών ειδών λαϊκής τέχνης, κεραμικής, υφαντικής και αργυροχοΐας. Προτείνεται ΑΘΗΝΑΙ, 14.— Εκπρόσωποι υπηρεσιών και οργανώσεων μελετούν το θέμα της προσφοράς δώρων εις επισήμους ξένους επισκέπτας διά την προβολήν των ελληνικών ειδών λαϊκής τέχνης, κεραμικής, υφαντικής και αργυροχοΐας. Προτείνεται ΑΘΗΝΑΙ, 14.— Εκπρόσωποι υπηρεσιών και οργανώσεων μελετούν το θέμα της προσφοράς δώρων εις επισήμους ξένους επισκέπτας διά την προβολήν των ελληνικών ειδών λαϊκής τέχνης, κεραμικής, υφαντικής και αργυροχοΐας. Προτείνεται ΑΘΗΝΑΙ, 14.— Εκπρόσωποι υπηρεσιών και οργανώσεων μελετούν το θέμα της προσφοράς δώρων εις επισήμους ξένους επισκέπτας διά την προβολήν των ελληνικών ειδών λαϊκής τέχνης, κεραμικής, υφαντικής και αργυροχοΐας. Προτείνεται ΑΘΗΝΑΙ, 14.— Εκπρόσωποι υπηρεσιών και οργανώσεων μελετούν το θέμα της προσφοράς δώρων εις επισήμους ξένους επισκέπτας διά την προβολήν των ελληνικών ειδών λαϊκής τέχνης, κεραμικής, υφαντικής και αργυροχοΐας. Προτείνεται ΑΘΗΝΑΙ, 14.— Εκπρόσωποι υπηρεσιών και οργανώσεων μελετούν το θέμα της προσφοράς δώρων εις επισήμους ξένους επισκέπτας διά την προβολήν των ελληνικών ειδών λαϊκής τέχνης, κεραμικής, υφαντικής και αργυροχοΐας. Προτείνεται ΑΘΗΝΑΙ, 14.— Εκπρόσωποι υπηρεσιών και οργανώσεων μελετούν το θέμα της προσφοράς δώρων εις επισήμους ξένους επισκέπτας διά την προβολήν των ελληνικών ειδών λαϊκής τέχνης, κεραμικής, υφαντικής και αργυροχοΐας. Προτείνεται
ΔΙΕΘΝΗΣ ΕΚΘΕΣΙΣ ΠΕΡΙ ΤΗΣ ΩΚΕΑΝΟΓΡΑΦΙΑΣ ΔΙΟΡΓΑΝΟΥΤΑΙ ΕΙΣ ΤΗΝ ΜΕΓ. ΒΡΕΤΑΝΝΙΑΝ
ΛΟΝΔΙΝΟΝ, 14.— Διεθνής έκθεσις περί της ωκεανογραφίας διοργανούται εις την Μεγάλην Βρεταννίαν κατά τον προσεχή Σεπτέμβριον. Εις την έκθεσιν θα συμμετάσχουν πλέον των 200 εκθετών εκ διαφόρων χωρών, οι οποίοι θα παρουσιάσουν όργανα και μηχανήματα διά την έρευναν και την εκμετάλλευσιν των θαλασσίων πόρων. Θα οργανωθούν επίσης διαλέξεις και επιστημονικαί συγκεντρώσεις επί των προβλημάτων της ωκεανογραφίας. ΛΟΝΔΙΝΟΝ, 14.— Διεθνής έκθεσις περί της ωκεανογραφίας διοργανούται εις την Μεγάλην Βρεταννίαν κατά τον προσεχή Σεπτέμβριον. Εις την έκθεσιν θα συμμετάσχουν πλέον των 200 εκθετών εκ διαφόρων χωρών, οι οποίοι θα παρουσιάσο ΛΟΝΔΙΝΟΝ, 14.— Διεθνής έκθεσις περί της ωκεανογραφίας διοργανούται εις την Μεγάλην Βρεταννίαν κατά τον προσεχή Σεπτέμβριον. Εις την έκθεσιν θα συμμετάσχουν πλέον των 200 εκθετών εκ διαφόρων χωρών, οι οποίοι θα παρουσιάσο ΛΟΝΔΙΝΟΝ, 14.— Διεθνής έκθεσις περί της ωκεανογραφίας διοργανούται εις την Μεγάλην Βρεταννίαν κατά τον προσεχή Σεπτέμβριον. Εις την έκθεσιν θα συμμετάσχουν πλέον των 200 εκθετών εκ διαφόρων χωρών, οι οποίοι θα παρουσιάσο ΛΟΝΔΙΝΟΝ, 14.— Διεθνής έκθεσις περί της ωκεανογραφίας διοργανούται εις την Μεγάλην Βρεταννίαν κατά τον προσεχή Σεπτέμβριον. Εις την έκθεσιν θα συμμετάσχουν πλέον των 200 εκθετών εκ διαφόρων χωρών, οι οποίοι θα παρουσιάσο ΛΟΝΔΙΝΟΝ, 14.— Διεθνής έκθεσις περί της ωκεανογραφίας διοργανούται εις την Μεγάλην Βρεταννίαν κατά τον προσεχή Σεπτέμβριον. Εις την έκθεσιν θα συμμετάσχουν πλέον των 200 εκθετών εκ διαφόρων χωρών, οι οποίοι θα παρουσιάσο ΛΟΝΔΙΝΟΝ, 14.— Διεθνής έκθεσις περί της ωκεανογραφίας διοργανούται εις την Μεγάλην Βρεταννίαν κατά τον προσεχή Σεπτέμβριον. Εις την έκθεσιν θα συμμετάσχουν πλέον των 200 εκθετών εκ διαφόρων χωρών, οι οποίοι θα παρουσιάσο ΛΟΝΔΙΝΟΝ, 14.— Διεθνής έκθεσις περί της ωκεανογραφίας διοργανούται εις την Μεγάλην Βρεταννίαν κατά τον προσεχή Σεπτέμβριον. Εις την έκθεσιν θα συμμετάσχουν πλέον των 200 εκθετών εκ διαφόρων χωρών, οι οποίοι θα παρουσιάσο ΛΟΝΔΙΝΟΝ, 14.— Διεθνής έκθεσις περί της ωκεανογραφίας διοργανούται εις την Μεγάλην Βρεταννίαν κατά τον προσεχή Σεπτέμβριον. Εις την έκθεσιν θα συμμετάσχουν πλέον των 200 εκθετών εκ διαφόρων χωρών, οι οποίοι θα παρουσιάσο
